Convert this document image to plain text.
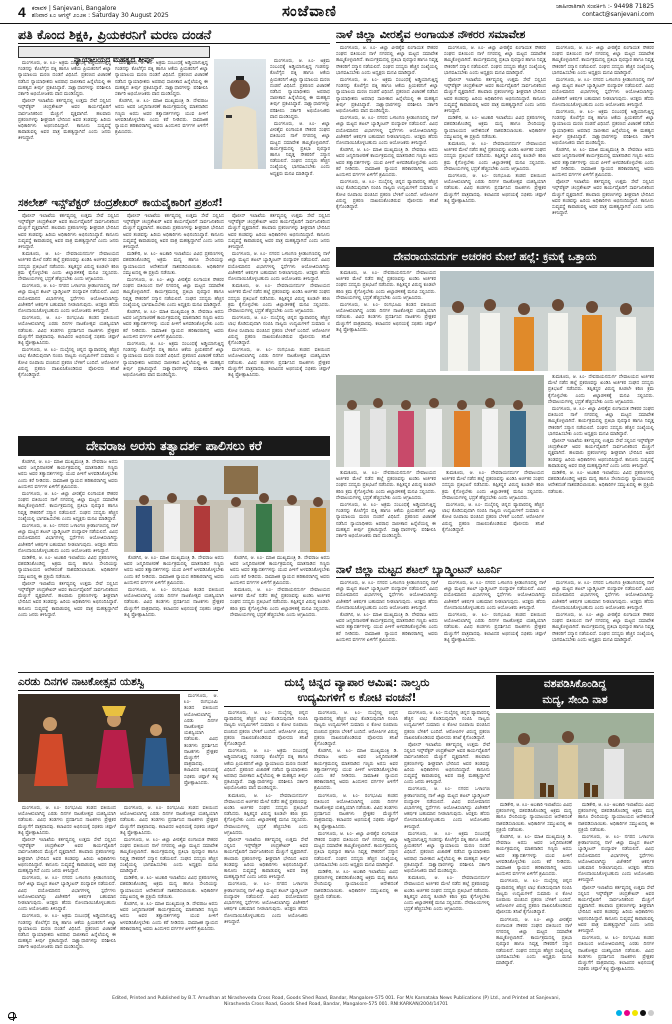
4 ಕರಾವಳಿ | Sanjevani, Bangalore
ಶನಿವಾರ ೩೦ ಆಗಸ್ಟ್ ೨೦೨೫ : Saturday 30 August 2025	ಸಂಜೆವಾಣಿ	ಜಾಹೀರಾತಿಗಾಗಿ ಸಂಪರ್ಕಿಸಿ :- 94498 71825
contact@sanjevani.com
ಪತಿ ಕೊಂದ ಶಿಕ್ಷಕಿ, ಪ್ರಿಯಕರನಿಗೆ ಮರಣ ದಂಡನೆ
ನ್ಯಾಯಾಲಯದ ಮಹತ್ವದ ತೀರ್ಪು

ಮಂಗಳೂರು, ಆ. ೩೦- ಅಕ್ರಮ ಸಂಬಂಧಕ್ಕೆ ಅಡ್ಡಿಯಾಗುತ್ತಿದ್ದ ಗಂಡನನ್ನು ಕೊಲೆಗೈದ ಪತ್ನಿ ಹಾಗೂ ಆಕೆಯ ಪ್ರಿಯಕರನಿಗೆ ಜಿಲ್ಲಾ ನ್ಯಾಯಾಲಯ ಮರಣ ದಂಡನೆ ವಿಧಿಸಿದೆ. ಪ್ರಕರಣದ ವಿಚಾರಣೆ ನಡೆಸಿದ ನ್ಯಾಯಾಧೀಶರು ಅಪರಾಧ ಸಾಬೀತಾದ ಹಿನ್ನೆಲೆಯಲ್ಲಿ ಈ ಮಹತ್ವದ ತೀರ್ಪು ಪ್ರಕಟಿಸಿದ್ದಾರೆ. ಸಾಕ್ಷ್ಯಾಧಾರಗಳನ್ನು ಪರಿಶೀಲಿಸಿ ಸರ್ಕಾರಿ ಅಭಿಯೋಜಕರು ವಾದ ಮಂಡಿಸಿದ್ದರು.

ಪೊಲೀಸ್ ಇಲಾಖೆಯ ಕರ್ತವ್ಯದಲ್ಲಿ ಉತ್ತಮ ಸೇವೆ ಸಲ್ಲಿಸಿದ ಇನ್ಸ್‌ಪೆಕ್ಟರ್ ಚಂದ್ರಶೇಖರ್ ಅವರ ಕಾರ್ಯವೈಖರಿಗೆ ಸಾರ್ವಜನಿಕರಿಂದ ಮೆಚ್ಚುಗೆ ವ್ಯಕ್ತವಾಗಿದೆ. ಹಲವಾರು ಪ್ರಕರಣಗಳನ್ನು ಶೀಘ್ರವಾಗಿ ಭೇದಿಸಿದ ಅವರ ತಂಡವನ್ನು ಹಿರಿಯ ಅಧಿಕಾರಿಗಳು ಅಭಿನಂದಿಸಿದ್ದಾರೆ. ಕಾನೂನು ಸುವ್ಯವಸ್ಥೆ ಕಾಪಾಡುವಲ್ಲಿ ಅವರ ಪಾತ್ರ ಮಹತ್ವದ್ದಾಗಿದೆ ಎಂದು ಜನರು ತಿಳಿಸಿದ್ದಾರೆ.

ಮಂಗಳೂರು, ಆ. ೩೦- ಅಕ್ರಮ ಸಂಬಂಧಕ್ಕೆ ಅಡ್ಡಿಯಾಗುತ್ತಿದ್ದ ಗಂಡನನ್ನು ಕೊಲೆಗೈದ ಪತ್ನಿ ಹಾಗೂ ಆಕೆಯ ಪ್ರಿಯಕರನಿಗೆ ಜಿಲ್ಲಾ ನ್ಯಾಯಾಲಯ ಮರಣ ದಂಡನೆ ವಿಧಿಸಿದೆ. ಪ್ರಕರಣದ ವಿಚಾರಣೆ ನಡೆಸಿದ ನ್ಯಾಯಾಧೀಶರು ಅಪರಾಧ ಸಾಬೀತಾದ ಹಿನ್ನೆಲೆಯಲ್ಲಿ ಈ ಮಹತ್ವದ ತೀರ್ಪು ಪ್ರಕಟಿಸಿದ್ದಾರೆ. ಸಾಕ್ಷ್ಯಾಧಾರಗಳನ್ನು ಪರಿಶೀಲಿಸಿ ಸರ್ಕಾರಿ ಅಭಿಯೋಜಕರು ವಾದ ಮಂಡಿಸಿದ್ದರು.

ಕೊಡಗಿನ, ಆ. ೩೦- ಮಾಜಿ ಮುಖ್ಯಮಂತ್ರಿ ಡಿ. ದೇವರಾಜ ಅರಸು ಅವರ ಜನ್ಮದಿನಾಚರಣೆ ಕಾರ್ಯಕ್ರಮದಲ್ಲಿ ಮಾತನಾಡಿದ ಗಣ್ಯರು ಅರಸು ಅವರ ತತ್ವಾದರ್ಶಗಳನ್ನು ಯುವ ಪೀಳಿಗೆ ಅಳವಡಿಸಿಕೊಳ್ಳಬೇಕು ಎಂದು ಕರೆ ನೀಡಿದರು. ಸಾಮಾಜಿಕ ನ್ಯಾಯದ ಹರಿಕಾರರಾಗಿದ್ದ ಅವರು ಹಿಂದುಳಿದ ವರ್ಗಗಳ ಏಳಿಗೆಗೆ ಶ್ರಮಿಸಿದರು.

ಮಂಗಳೂರು, ಆ. ೩೦- ಅಕ್ರಮ ಸಂಬಂಧಕ್ಕೆ ಅಡ್ಡಿಯಾಗುತ್ತಿದ್ದ ಗಂಡನನ್ನು ಕೊಲೆಗೈದ ಪತ್ನಿ ಹಾಗೂ ಆಕೆಯ ಪ್ರಿಯಕರನಿಗೆ ಜಿಲ್ಲಾ ನ್ಯಾಯಾಲಯ ಮರಣ ದಂಡನೆ ವಿಧಿಸಿದೆ. ಪ್ರಕರಣದ ವಿಚಾರಣೆ ನಡೆಸಿದ ನ್ಯಾಯಾಧೀಶರು ಅಪರಾಧ ಸಾಬೀತಾದ ಹಿನ್ನೆಲೆಯಲ್ಲಿ ಈ ಮಹತ್ವದ ತೀರ್ಪು ಪ್ರಕಟಿಸಿದ್ದಾರೆ. ಸಾಕ್ಷ್ಯಾಧಾರಗಳನ್ನು ಪರಿಶೀಲಿಸಿ ಸರ್ಕಾರಿ ಅಭಿಯೋಜಕರು ವಾದ ಮಂಡಿಸಿದ್ದರು.

ಮಂಗಳೂರು, ಆ. ೩೦- ಜಿಲ್ಲಾ ವೀರಶೈವ ಲಿಂಗಾಯತ ನೌಕರರ ಸಂಘದ ವತಿಯಿಂದ ನಾಳೆ ನಗರದಲ್ಲಿ ಜಿಲ್ಲಾ ಮಟ್ಟದ ಸಮಾವೇಶ ಹಮ್ಮಿಕೊಳ್ಳಲಾಗಿದೆ. ಕಾರ್ಯಕ್ರಮದಲ್ಲಿ ಪ್ರತಿಭಾ ಪುರಸ್ಕಾರ ಹಾಗೂ ನಿವೃತ್ತ ನೌಕರರಿಗೆ ಸನ್ಮಾನ ನಡೆಯಲಿದೆ. ಸಂಘದ ಸದಸ್ಯರು ಹೆಚ್ಚಿನ ಸಂಖ್ಯೆಯಲ್ಲಿ ಭಾಗವಹಿಸಬೇಕು ಎಂದು ಅಧ್ಯಕ್ಷರು ಮನವಿ ಮಾಡಿದ್ದಾರೆ.

ಸಕಲೇಶ್ ಇನ್ಸ್‌ಪೆಕ್ಟರ್ ಚಂದ್ರಶೇಖರ್ ಕಾಯವೈಕಾರಿಗೆ ಪ್ರಶಂಸೆ!

ಪೊಲೀಸ್ ಇಲಾಖೆಯ ಕರ್ತವ್ಯದಲ್ಲಿ ಉತ್ತಮ ಸೇವೆ ಸಲ್ಲಿಸಿದ ಇನ್ಸ್‌ಪೆಕ್ಟರ್ ಚಂದ್ರಶೇಖರ್ ಅವರ ಕಾರ್ಯವೈಖರಿಗೆ ಸಾರ್ವಜನಿಕರಿಂದ ಮೆಚ್ಚುಗೆ ವ್ಯಕ್ತವಾಗಿದೆ. ಹಲವಾರು ಪ್ರಕರಣಗಳನ್ನು ಶೀಘ್ರವಾಗಿ ಭೇದಿಸಿದ ಅವರ ತಂಡವನ್ನು ಹಿರಿಯ ಅಧಿಕಾರಿಗಳು ಅಭಿನಂದಿಸಿದ್ದಾರೆ. ಕಾನೂನು ಸುವ್ಯವಸ್ಥೆ ಕಾಪಾಡುವಲ್ಲಿ ಅವರ ಪಾತ್ರ ಮಹತ್ವದ್ದಾಗಿದೆ ಎಂದು ಜನರು ತಿಳಿಸಿದ್ದಾರೆ.

ತುಮಕೂರು, ಆ. ೩೦- ದೇವರಾಯನದುರ್ಗ ದೇವಾಲಯದ ಅರ್ಚಕರ ಮೇಲೆ ನಡೆದ ಹಲ್ಲೆ ಪ್ರಕರಣವನ್ನು ಖಂಡಿಸಿ ಅರ್ಚಕರ ಸಂಘದ ಸದಸ್ಯರು ಪ್ರತಿಭಟನೆ ನಡೆಸಿದರು. ತಪ್ಪಿತಸ್ಥರ ವಿರುದ್ಧ ಕೂಡಲೇ ಕಠಿಣ ಕ್ರಮ ಕೈಗೊಳ್ಳಬೇಕು ಎಂದು ಜಿಲ್ಲಾಡಳಿತಕ್ಕೆ ಮನವಿ ಸಲ್ಲಿಸಿದರು. ದೇವಾಲಯಗಳಲ್ಲಿ ಭದ್ರತೆ ಹೆಚ್ಚಿಸಬೇಕು ಎಂದು ಆಗ್ರಹಿಸಿದರು.

ಮಂಗಳೂರು, ಆ. ೩೦- ನಗರದ ಒಳಾಂಗಣ ಕ್ರೀಡಾಂಗಣದಲ್ಲಿ ನಾಳೆ ಜಿಲ್ಲಾ ಮಟ್ಟದ ಶಟಲ್ ಬ್ಯಾಡ್ಮಿಂಟನ್ ಪಂದ್ಯಾವಳಿ ನಡೆಯಲಿದೆ. ವಿವಿಧ ವಯೋಮಾನದ ವಿಭಾಗಗಳಲ್ಲಿ ಸ್ಪರ್ಧೆಗಳು ಆಯೋಜಿಸಲಾಗಿದ್ದು ವಿಜೇತರಿಗೆ ಆಕರ್ಷಕ ಬಹುಮಾನ ನೀಡಲಾಗುವುದು. ಆಸಕ್ತರು ಹೆಸರು ನೋಂದಾಯಿಸಿಕೊಳ್ಳಬಹುದು ಎಂದು ಆಯೋಜಕರು ತಿಳಿಸಿದ್ದಾರೆ.

ಮಂಗಳೂರು, ಆ. ೩೦- ರಂಗಭೂಮಿ ತಂಡದ ವತಿಯಿಂದ ಆಯೋಜಿಸಲಾಗಿದ್ದ ಎರಡು ದಿನಗಳ ನಾಟಕೋತ್ಸವ ಯಶಸ್ವಿಯಾಗಿ ನಡೆಯಿತು. ವಿವಿಧ ತಂಡಗಳು ಪ್ರದರ್ಶಿಸಿದ ನಾಟಕಗಳು ಪ್ರೇಕ್ಷಕರ ಮೆಚ್ಚುಗೆಗೆ ಪಾತ್ರವಾದವು. ಕಲಾವಿದರ ಅಭಿನಯಕ್ಕೆ ಸಭಿಕರು ಚಪ್ಪಾಳೆ ತಟ್ಟಿ ಪ್ರೋತ್ಸಾಹಿಸಿದರು.

ಮಂಗಳೂರು, ಆ. ೩೦- ದುಬೈನಲ್ಲಿ ಚಿನ್ನದ ವ್ಯಾಪಾರದಲ್ಲಿ ಹೆಚ್ಚಿನ ಲಾಭ ಕೊಡಿಸುವುದಾಗಿ ನಂಬಿಸಿ ನಾಲ್ವರು ಉದ್ಯಮಿಗಳಿಗೆ ಸುಮಾರು ೮ ಕೋಟಿ ರೂಪಾಯಿ ವಂಚಿಸಿದ ಪ್ರಕರಣ ಬೆಳಕಿಗೆ ಬಂದಿದೆ. ಆರೋಪಿಗಳ ವಿರುದ್ಧ ಪ್ರಕರಣ ದಾಖಲಿಸಿಕೊಂಡಿರುವ ಪೊಲೀಸರು ತನಿಖೆ ಕೈಗೊಂಡಿದ್ದಾರೆ.

ಪೊಲೀಸ್ ಇಲಾಖೆಯ ಕರ್ತವ್ಯದಲ್ಲಿ ಉತ್ತಮ ಸೇವೆ ಸಲ್ಲಿಸಿದ ಇನ್ಸ್‌ಪೆಕ್ಟರ್ ಚಂದ್ರಶೇಖರ್ ಅವರ ಕಾರ್ಯವೈಖರಿಗೆ ಸಾರ್ವಜನಿಕರಿಂದ ಮೆಚ್ಚುಗೆ ವ್ಯಕ್ತವಾಗಿದೆ. ಹಲವಾರು ಪ್ರಕರಣಗಳನ್ನು ಶೀಘ್ರವಾಗಿ ಭೇದಿಸಿದ ಅವರ ತಂಡವನ್ನು ಹಿರಿಯ ಅಧಿಕಾರಿಗಳು ಅಭಿನಂದಿಸಿದ್ದಾರೆ. ಕಾನೂನು ಸುವ್ಯವಸ್ಥೆ ಕಾಪಾಡುವಲ್ಲಿ ಅವರ ಪಾತ್ರ ಮಹತ್ವದ್ದಾಗಿದೆ ಎಂದು ಜನರು ತಿಳಿಸಿದ್ದಾರೆ.

ಮಡಿಕೇರಿ, ಆ. ೩೦- ಅಬಕಾರಿ ಇಲಾಖೆಯು ವಿವಿಧ ಪ್ರಕರಣಗಳಲ್ಲಿ ವಶಪಡಿಸಿಕೊಂಡಿದ್ದ ಅಕ್ರಮ ಮದ್ಯ ಹಾಗೂ ಸೇಂದಿಯನ್ನು ನ್ಯಾಯಾಲಯದ ಆದೇಶದಂತೆ ನಾಶಪಡಿಸಲಾಯಿತು. ಅಧಿಕಾರಿಗಳ ಸಮ್ಮುಖದಲ್ಲಿ ಈ ಪ್ರಕ್ರಿಯೆ ನಡೆಯಿತು.

ಮಂಗಳೂರು, ಆ. ೩೦- ಜಿಲ್ಲಾ ವೀರಶೈವ ಲಿಂಗಾಯತ ನೌಕರರ ಸಂಘದ ವತಿಯಿಂದ ನಾಳೆ ನಗರದಲ್ಲಿ ಜಿಲ್ಲಾ ಮಟ್ಟದ ಸಮಾವೇಶ ಹಮ್ಮಿಕೊಳ್ಳಲಾಗಿದೆ. ಕಾರ್ಯಕ್ರಮದಲ್ಲಿ ಪ್ರತಿಭಾ ಪುರಸ್ಕಾರ ಹಾಗೂ ನಿವೃತ್ತ ನೌಕರರಿಗೆ ಸನ್ಮಾನ ನಡೆಯಲಿದೆ. ಸಂಘದ ಸದಸ್ಯರು ಹೆಚ್ಚಿನ ಸಂಖ್ಯೆಯಲ್ಲಿ ಭಾಗವಹಿಸಬೇಕು ಎಂದು ಅಧ್ಯಕ್ಷರು ಮನವಿ ಮಾಡಿದ್ದಾರೆ.

ಕೊಡಗಿನ, ಆ. ೩೦- ಮಾಜಿ ಮುಖ್ಯಮಂತ್ರಿ ಡಿ. ದೇವರಾಜ ಅರಸು ಅವರ ಜನ್ಮದಿನಾಚರಣೆ ಕಾರ್ಯಕ್ರಮದಲ್ಲಿ ಮಾತನಾಡಿದ ಗಣ್ಯರು ಅರಸು ಅವರ ತತ್ವಾದರ್ಶಗಳನ್ನು ಯುವ ಪೀಳಿಗೆ ಅಳವಡಿಸಿಕೊಳ್ಳಬೇಕು ಎಂದು ಕರೆ ನೀಡಿದರು. ಸಾಮಾಜಿಕ ನ್ಯಾಯದ ಹರಿಕಾರರಾಗಿದ್ದ ಅವರು ಹಿಂದುಳಿದ ವರ್ಗಗಳ ಏಳಿಗೆಗೆ ಶ್ರಮಿಸಿದರು.

ಮಂಗಳೂರು, ಆ. ೩೦- ಅಕ್ರಮ ಸಂಬಂಧಕ್ಕೆ ಅಡ್ಡಿಯಾಗುತ್ತಿದ್ದ ಗಂಡನನ್ನು ಕೊಲೆಗೈದ ಪತ್ನಿ ಹಾಗೂ ಆಕೆಯ ಪ್ರಿಯಕರನಿಗೆ ಜಿಲ್ಲಾ ನ್ಯಾಯಾಲಯ ಮರಣ ದಂಡನೆ ವಿಧಿಸಿದೆ. ಪ್ರಕರಣದ ವಿಚಾರಣೆ ನಡೆಸಿದ ನ್ಯಾಯಾಧೀಶರು ಅಪರಾಧ ಸಾಬೀತಾದ ಹಿನ್ನೆಲೆಯಲ್ಲಿ ಈ ಮಹತ್ವದ ತೀರ್ಪು ಪ್ರಕಟಿಸಿದ್ದಾರೆ. ಸಾಕ್ಷ್ಯಾಧಾರಗಳನ್ನು ಪರಿಶೀಲಿಸಿ ಸರ್ಕಾರಿ ಅಭಿಯೋಜಕರು ವಾದ ಮಂಡಿಸಿದ್ದರು.

ಪೊಲೀಸ್ ಇಲಾಖೆಯ ಕರ್ತವ್ಯದಲ್ಲಿ ಉತ್ತಮ ಸೇವೆ ಸಲ್ಲಿಸಿದ ಇನ್ಸ್‌ಪೆಕ್ಟರ್ ಚಂದ್ರಶೇಖರ್ ಅವರ ಕಾರ್ಯವೈಖರಿಗೆ ಸಾರ್ವಜನಿಕರಿಂದ ಮೆಚ್ಚುಗೆ ವ್ಯಕ್ತವಾಗಿದೆ. ಹಲವಾರು ಪ್ರಕರಣಗಳನ್ನು ಶೀಘ್ರವಾಗಿ ಭೇದಿಸಿದ ಅವರ ತಂಡವನ್ನು ಹಿರಿಯ ಅಧಿಕಾರಿಗಳು ಅಭಿನಂದಿಸಿದ್ದಾರೆ. ಕಾನೂನು ಸುವ್ಯವಸ್ಥೆ ಕಾಪಾಡುವಲ್ಲಿ ಅವರ ಪಾತ್ರ ಮಹತ್ವದ್ದಾಗಿದೆ ಎಂದು ಜನರು ತಿಳಿಸಿದ್ದಾರೆ.

ಮಂಗಳೂರು, ಆ. ೩೦- ನಗರದ ಒಳಾಂಗಣ ಕ್ರೀಡಾಂಗಣದಲ್ಲಿ ನಾಳೆ ಜಿಲ್ಲಾ ಮಟ್ಟದ ಶಟಲ್ ಬ್ಯಾಡ್ಮಿಂಟನ್ ಪಂದ್ಯಾವಳಿ ನಡೆಯಲಿದೆ. ವಿವಿಧ ವಯೋಮಾನದ ವಿಭಾಗಗಳಲ್ಲಿ ಸ್ಪರ್ಧೆಗಳು ಆಯೋಜಿಸಲಾಗಿದ್ದು ವಿಜೇತರಿಗೆ ಆಕರ್ಷಕ ಬಹುಮಾನ ನೀಡಲಾಗುವುದು. ಆಸಕ್ತರು ಹೆಸರು ನೋಂದಾಯಿಸಿಕೊಳ್ಳಬಹುದು ಎಂದು ಆಯೋಜಕರು ತಿಳಿಸಿದ್ದಾರೆ.

ತುಮಕೂರು, ಆ. ೩೦- ದೇವರಾಯನದುರ್ಗ ದೇವಾಲಯದ ಅರ್ಚಕರ ಮೇಲೆ ನಡೆದ ಹಲ್ಲೆ ಪ್ರಕರಣವನ್ನು ಖಂಡಿಸಿ ಅರ್ಚಕರ ಸಂಘದ ಸದಸ್ಯರು ಪ್ರತಿಭಟನೆ ನಡೆಸಿದರು. ತಪ್ಪಿತಸ್ಥರ ವಿರುದ್ಧ ಕೂಡಲೇ ಕಠಿಣ ಕ್ರಮ ಕೈಗೊಳ್ಳಬೇಕು ಎಂದು ಜಿಲ್ಲಾಡಳಿತಕ್ಕೆ ಮನವಿ ಸಲ್ಲಿಸಿದರು. ದೇವಾಲಯಗಳಲ್ಲಿ ಭದ್ರತೆ ಹೆಚ್ಚಿಸಬೇಕು ಎಂದು ಆಗ್ರಹಿಸಿದರು.

ಮಂಗಳೂರು, ಆ. ೩೦- ದುಬೈನಲ್ಲಿ ಚಿನ್ನದ ವ್ಯಾಪಾರದಲ್ಲಿ ಹೆಚ್ಚಿನ ಲಾಭ ಕೊಡಿಸುವುದಾಗಿ ನಂಬಿಸಿ ನಾಲ್ವರು ಉದ್ಯಮಿಗಳಿಗೆ ಸುಮಾರು ೮ ಕೋಟಿ ರೂಪಾಯಿ ವಂಚಿಸಿದ ಪ್ರಕರಣ ಬೆಳಕಿಗೆ ಬಂದಿದೆ. ಆರೋಪಿಗಳ ವಿರುದ್ಧ ಪ್ರಕರಣ ದಾಖಲಿಸಿಕೊಂಡಿರುವ ಪೊಲೀಸರು ತನಿಖೆ ಕೈಗೊಂಡಿದ್ದಾರೆ.

ಮಂಗಳೂರು, ಆ. ೩೦- ರಂಗಭೂಮಿ ತಂಡದ ವತಿಯಿಂದ ಆಯೋಜಿಸಲಾಗಿದ್ದ ಎರಡು ದಿನಗಳ ನಾಟಕೋತ್ಸವ ಯಶಸ್ವಿಯಾಗಿ ನಡೆಯಿತು. ವಿವಿಧ ತಂಡಗಳು ಪ್ರದರ್ಶಿಸಿದ ನಾಟಕಗಳು ಪ್ರೇಕ್ಷಕರ ಮೆಚ್ಚುಗೆಗೆ ಪಾತ್ರವಾದವು. ಕಲಾವಿದರ ಅಭಿನಯಕ್ಕೆ ಸಭಿಕರು ಚಪ್ಪಾಳೆ ತಟ್ಟಿ ಪ್ರೋತ್ಸಾಹಿಸಿದರು.

ದೇವರಾಜ ಅರಸು ತತ್ವಾದರ್ಶ ಪಾಲಿಸಲು ಕರೆ

ಕೊಡಗಿನ, ಆ. ೩೦- ಮಾಜಿ ಮುಖ್ಯಮಂತ್ರಿ ಡಿ. ದೇವರಾಜ ಅರಸು ಅವರ ಜನ್ಮದಿನಾಚರಣೆ ಕಾರ್ಯಕ್ರಮದಲ್ಲಿ ಮಾತನಾಡಿದ ಗಣ್ಯರು ಅರಸು ಅವರ ತತ್ವಾದರ್ಶಗಳನ್ನು ಯುವ ಪೀಳಿಗೆ ಅಳವಡಿಸಿಕೊಳ್ಳಬೇಕು ಎಂದು ಕರೆ ನೀಡಿದರು. ಸಾಮಾಜಿಕ ನ್ಯಾಯದ ಹರಿಕಾರರಾಗಿದ್ದ ಅವರು ಹಿಂದುಳಿದ ವರ್ಗಗಳ ಏಳಿಗೆಗೆ ಶ್ರಮಿಸಿದರು.

ಮಂಗಳೂರು, ಆ. ೩೦- ಜಿಲ್ಲಾ ವೀರಶೈವ ಲಿಂಗಾಯತ ನೌಕರರ ಸಂಘದ ವತಿಯಿಂದ ನಾಳೆ ನಗರದಲ್ಲಿ ಜಿಲ್ಲಾ ಮಟ್ಟದ ಸಮಾವೇಶ ಹಮ್ಮಿಕೊಳ್ಳಲಾಗಿದೆ. ಕಾರ್ಯಕ್ರಮದಲ್ಲಿ ಪ್ರತಿಭಾ ಪುರಸ್ಕಾರ ಹಾಗೂ ನಿವೃತ್ತ ನೌಕರರಿಗೆ ಸನ್ಮಾನ ನಡೆಯಲಿದೆ. ಸಂಘದ ಸದಸ್ಯರು ಹೆಚ್ಚಿನ ಸಂಖ್ಯೆಯಲ್ಲಿ ಭಾಗವಹಿಸಬೇಕು ಎಂದು ಅಧ್ಯಕ್ಷರು ಮನವಿ ಮಾಡಿದ್ದಾರೆ.

ಮಂಗಳೂರು, ಆ. ೩೦- ನಗರದ ಒಳಾಂಗಣ ಕ್ರೀಡಾಂಗಣದಲ್ಲಿ ನಾಳೆ ಜಿಲ್ಲಾ ಮಟ್ಟದ ಶಟಲ್ ಬ್ಯಾಡ್ಮಿಂಟನ್ ಪಂದ್ಯಾವಳಿ ನಡೆಯಲಿದೆ. ವಿವಿಧ ವಯೋಮಾನದ ವಿಭಾಗಗಳಲ್ಲಿ ಸ್ಪರ್ಧೆಗಳು ಆಯೋಜಿಸಲಾಗಿದ್ದು ವಿಜೇತರಿಗೆ ಆಕರ್ಷಕ ಬಹುಮಾನ ನೀಡಲಾಗುವುದು. ಆಸಕ್ತರು ಹೆಸರು ನೋಂದಾಯಿಸಿಕೊಳ್ಳಬಹುದು ಎಂದು ಆಯೋಜಕರು ತಿಳಿಸಿದ್ದಾರೆ.

ಮಡಿಕೇರಿ, ಆ. ೩೦- ಅಬಕಾರಿ ಇಲಾಖೆಯು ವಿವಿಧ ಪ್ರಕರಣಗಳಲ್ಲಿ ವಶಪಡಿಸಿಕೊಂಡಿದ್ದ ಅಕ್ರಮ ಮದ್ಯ ಹಾಗೂ ಸೇಂದಿಯನ್ನು ನ್ಯಾಯಾಲಯದ ಆದೇಶದಂತೆ ನಾಶಪಡಿಸಲಾಯಿತು. ಅಧಿಕಾರಿಗಳ ಸಮ್ಮುಖದಲ್ಲಿ ಈ ಪ್ರಕ್ರಿಯೆ ನಡೆಯಿತು.

ಪೊಲೀಸ್ ಇಲಾಖೆಯ ಕರ್ತವ್ಯದಲ್ಲಿ ಉತ್ತಮ ಸೇವೆ ಸಲ್ಲಿಸಿದ ಇನ್ಸ್‌ಪೆಕ್ಟರ್ ಚಂದ್ರಶೇಖರ್ ಅವರ ಕಾರ್ಯವೈಖರಿಗೆ ಸಾರ್ವಜನಿಕರಿಂದ ಮೆಚ್ಚುಗೆ ವ್ಯಕ್ತವಾಗಿದೆ. ಹಲವಾರು ಪ್ರಕರಣಗಳನ್ನು ಶೀಘ್ರವಾಗಿ ಭೇದಿಸಿದ ಅವರ ತಂಡವನ್ನು ಹಿರಿಯ ಅಧಿಕಾರಿಗಳು ಅಭಿನಂದಿಸಿದ್ದಾರೆ. ಕಾನೂನು ಸುವ್ಯವಸ್ಥೆ ಕಾಪಾಡುವಲ್ಲಿ ಅವರ ಪಾತ್ರ ಮಹತ್ವದ್ದಾಗಿದೆ ಎಂದು ಜನರು ತಿಳಿಸಿದ್ದಾರೆ.

ಕೊಡಗಿನ, ಆ. ೩೦- ಮಾಜಿ ಮುಖ್ಯಮಂತ್ರಿ ಡಿ. ದೇವರಾಜ ಅರಸು ಅವರ ಜನ್ಮದಿನಾಚರಣೆ ಕಾರ್ಯಕ್ರಮದಲ್ಲಿ ಮಾತನಾಡಿದ ಗಣ್ಯರು ಅರಸು ಅವರ ತತ್ವಾದರ್ಶಗಳನ್ನು ಯುವ ಪೀಳಿಗೆ ಅಳವಡಿಸಿಕೊಳ್ಳಬೇಕು ಎಂದು ಕರೆ ನೀಡಿದರು. ಸಾಮಾಜಿಕ ನ್ಯಾಯದ ಹರಿಕಾರರಾಗಿದ್ದ ಅವರು ಹಿಂದುಳಿದ ವರ್ಗಗಳ ಏಳಿಗೆಗೆ ಶ್ರಮಿಸಿದರು.

ಮಂಗಳೂರು, ಆ. ೩೦- ರಂಗಭೂಮಿ ತಂಡದ ವತಿಯಿಂದ ಆಯೋಜಿಸಲಾಗಿದ್ದ ಎರಡು ದಿನಗಳ ನಾಟಕೋತ್ಸವ ಯಶಸ್ವಿಯಾಗಿ ನಡೆಯಿತು. ವಿವಿಧ ತಂಡಗಳು ಪ್ರದರ್ಶಿಸಿದ ನಾಟಕಗಳು ಪ್ರೇಕ್ಷಕರ ಮೆಚ್ಚುಗೆಗೆ ಪಾತ್ರವಾದವು. ಕಲಾವಿದರ ಅಭಿನಯಕ್ಕೆ ಸಭಿಕರು ಚಪ್ಪಾಳೆ ತಟ್ಟಿ ಪ್ರೋತ್ಸಾಹಿಸಿದರು.

ಕೊಡಗಿನ, ಆ. ೩೦- ಮಾಜಿ ಮುಖ್ಯಮಂತ್ರಿ ಡಿ. ದೇವರಾಜ ಅರಸು ಅವರ ಜನ್ಮದಿನಾಚರಣೆ ಕಾರ್ಯಕ್ರಮದಲ್ಲಿ ಮಾತನಾಡಿದ ಗಣ್ಯರು ಅರಸು ಅವರ ತತ್ವಾದರ್ಶಗಳನ್ನು ಯುವ ಪೀಳಿಗೆ ಅಳವಡಿಸಿಕೊಳ್ಳಬೇಕು ಎಂದು ಕರೆ ನೀಡಿದರು. ಸಾಮಾಜಿಕ ನ್ಯಾಯದ ಹರಿಕಾರರಾಗಿದ್ದ ಅವರು ಹಿಂದುಳಿದ ವರ್ಗಗಳ ಏಳಿಗೆಗೆ ಶ್ರಮಿಸಿದರು.

ತುಮಕೂರು, ಆ. ೩೦- ದೇವರಾಯನದುರ್ಗ ದೇವಾಲಯದ ಅರ್ಚಕರ ಮೇಲೆ ನಡೆದ ಹಲ್ಲೆ ಪ್ರಕರಣವನ್ನು ಖಂಡಿಸಿ ಅರ್ಚಕರ ಸಂಘದ ಸದಸ್ಯರು ಪ್ರತಿಭಟನೆ ನಡೆಸಿದರು. ತಪ್ಪಿತಸ್ಥರ ವಿರುದ್ಧ ಕೂಡಲೇ ಕಠಿಣ ಕ್ರಮ ಕೈಗೊಳ್ಳಬೇಕು ಎಂದು ಜಿಲ್ಲಾಡಳಿತಕ್ಕೆ ಮನವಿ ಸಲ್ಲಿಸಿದರು. ದೇವಾಲಯಗಳಲ್ಲಿ ಭದ್ರತೆ ಹೆಚ್ಚಿಸಬೇಕು ಎಂದು ಆಗ್ರಹಿಸಿದರು.

ನಾಳೆ ಜಿಲ್ಲಾ ವೀರಶೈವ ಅಂಗಾಯತ ನೌಕರರ ಸಮಾವೇಶ

ಮಂಗಳೂರು, ಆ. ೩೦- ಜಿಲ್ಲಾ ವೀರಶೈವ ಲಿಂಗಾಯತ ನೌಕರರ ಸಂಘದ ವತಿಯಿಂದ ನಾಳೆ ನಗರದಲ್ಲಿ ಜಿಲ್ಲಾ ಮಟ್ಟದ ಸಮಾವೇಶ ಹಮ್ಮಿಕೊಳ್ಳಲಾಗಿದೆ. ಕಾರ್ಯಕ್ರಮದಲ್ಲಿ ಪ್ರತಿಭಾ ಪುರಸ್ಕಾರ ಹಾಗೂ ನಿವೃತ್ತ ನೌಕರರಿಗೆ ಸನ್ಮಾನ ನಡೆಯಲಿದೆ. ಸಂಘದ ಸದಸ್ಯರು ಹೆಚ್ಚಿನ ಸಂಖ್ಯೆಯಲ್ಲಿ ಭಾಗವಹಿಸಬೇಕು ಎಂದು ಅಧ್ಯಕ್ಷರು ಮನವಿ ಮಾಡಿದ್ದಾರೆ.

ಮಂಗಳೂರು, ಆ. ೩೦- ಅಕ್ರಮ ಸಂಬಂಧಕ್ಕೆ ಅಡ್ಡಿಯಾಗುತ್ತಿದ್ದ ಗಂಡನನ್ನು ಕೊಲೆಗೈದ ಪತ್ನಿ ಹಾಗೂ ಆಕೆಯ ಪ್ರಿಯಕರನಿಗೆ ಜಿಲ್ಲಾ ನ್ಯಾಯಾಲಯ ಮರಣ ದಂಡನೆ ವಿಧಿಸಿದೆ. ಪ್ರಕರಣದ ವಿಚಾರಣೆ ನಡೆಸಿದ ನ್ಯಾಯಾಧೀಶರು ಅಪರಾಧ ಸಾಬೀತಾದ ಹಿನ್ನೆಲೆಯಲ್ಲಿ ಈ ಮಹತ್ವದ ತೀರ್ಪು ಪ್ರಕಟಿಸಿದ್ದಾರೆ. ಸಾಕ್ಷ್ಯಾಧಾರಗಳನ್ನು ಪರಿಶೀಲಿಸಿ ಸರ್ಕಾರಿ ಅಭಿಯೋಜಕರು ವಾದ ಮಂಡಿಸಿದ್ದರು.

ಮಂಗಳೂರು, ಆ. ೩೦- ನಗರದ ಒಳಾಂಗಣ ಕ್ರೀಡಾಂಗಣದಲ್ಲಿ ನಾಳೆ ಜಿಲ್ಲಾ ಮಟ್ಟದ ಶಟಲ್ ಬ್ಯಾಡ್ಮಿಂಟನ್ ಪಂದ್ಯಾವಳಿ ನಡೆಯಲಿದೆ. ವಿವಿಧ ವಯೋಮಾನದ ವಿಭಾಗಗಳಲ್ಲಿ ಸ್ಪರ್ಧೆಗಳು ಆಯೋಜಿಸಲಾಗಿದ್ದು ವಿಜೇತರಿಗೆ ಆಕರ್ಷಕ ಬಹುಮಾನ ನೀಡಲಾಗುವುದು. ಆಸಕ್ತರು ಹೆಸರು ನೋಂದಾಯಿಸಿಕೊಳ್ಳಬಹುದು ಎಂದು ಆಯೋಜಕರು ತಿಳಿಸಿದ್ದಾರೆ.

ಕೊಡಗಿನ, ಆ. ೩೦- ಮಾಜಿ ಮುಖ್ಯಮಂತ್ರಿ ಡಿ. ದೇವರಾಜ ಅರಸು ಅವರ ಜನ್ಮದಿನಾಚರಣೆ ಕಾರ್ಯಕ್ರಮದಲ್ಲಿ ಮಾತನಾಡಿದ ಗಣ್ಯರು ಅರಸು ಅವರ ತತ್ವಾದರ್ಶಗಳನ್ನು ಯುವ ಪೀಳಿಗೆ ಅಳವಡಿಸಿಕೊಳ್ಳಬೇಕು ಎಂದು ಕರೆ ನೀಡಿದರು. ಸಾಮಾಜಿಕ ನ್ಯಾಯದ ಹರಿಕಾರರಾಗಿದ್ದ ಅವರು ಹಿಂದುಳಿದ ವರ್ಗಗಳ ಏಳಿಗೆಗೆ ಶ್ರಮಿಸಿದರು.

ಮಂಗಳೂರು, ಆ. ೩೦- ದುಬೈನಲ್ಲಿ ಚಿನ್ನದ ವ್ಯಾಪಾರದಲ್ಲಿ ಹೆಚ್ಚಿನ ಲಾಭ ಕೊಡಿಸುವುದಾಗಿ ನಂಬಿಸಿ ನಾಲ್ವರು ಉದ್ಯಮಿಗಳಿಗೆ ಸುಮಾರು ೮ ಕೋಟಿ ರೂಪಾಯಿ ವಂಚಿಸಿದ ಪ್ರಕರಣ ಬೆಳಕಿಗೆ ಬಂದಿದೆ. ಆರೋಪಿಗಳ ವಿರುದ್ಧ ಪ್ರಕರಣ ದಾಖಲಿಸಿಕೊಂಡಿರುವ ಪೊಲೀಸರು ತನಿಖೆ ಕೈಗೊಂಡಿದ್ದಾರೆ.

ಮಂಗಳೂರು, ಆ. ೩೦- ಜಿಲ್ಲಾ ವೀರಶೈವ ಲಿಂಗಾಯತ ನೌಕರರ ಸಂಘದ ವತಿಯಿಂದ ನಾಳೆ ನಗರದಲ್ಲಿ ಜಿಲ್ಲಾ ಮಟ್ಟದ ಸಮಾವೇಶ ಹಮ್ಮಿಕೊಳ್ಳಲಾಗಿದೆ. ಕಾರ್ಯಕ್ರಮದಲ್ಲಿ ಪ್ರತಿಭಾ ಪುರಸ್ಕಾರ ಹಾಗೂ ನಿವೃತ್ತ ನೌಕರರಿಗೆ ಸನ್ಮಾನ ನಡೆಯಲಿದೆ. ಸಂಘದ ಸದಸ್ಯರು ಹೆಚ್ಚಿನ ಸಂಖ್ಯೆಯಲ್ಲಿ ಭಾಗವಹಿಸಬೇಕು ಎಂದು ಅಧ್ಯಕ್ಷರು ಮನವಿ ಮಾಡಿದ್ದಾರೆ.

ಪೊಲೀಸ್ ಇಲಾಖೆಯ ಕರ್ತವ್ಯದಲ್ಲಿ ಉತ್ತಮ ಸೇವೆ ಸಲ್ಲಿಸಿದ ಇನ್ಸ್‌ಪೆಕ್ಟರ್ ಚಂದ್ರಶೇಖರ್ ಅವರ ಕಾರ್ಯವೈಖರಿಗೆ ಸಾರ್ವಜನಿಕರಿಂದ ಮೆಚ್ಚುಗೆ ವ್ಯಕ್ತವಾಗಿದೆ. ಹಲವಾರು ಪ್ರಕರಣಗಳನ್ನು ಶೀಘ್ರವಾಗಿ ಭೇದಿಸಿದ ಅವರ ತಂಡವನ್ನು ಹಿರಿಯ ಅಧಿಕಾರಿಗಳು ಅಭಿನಂದಿಸಿದ್ದಾರೆ. ಕಾನೂನು ಸುವ್ಯವಸ್ಥೆ ಕಾಪಾಡುವಲ್ಲಿ ಅವರ ಪಾತ್ರ ಮಹತ್ವದ್ದಾಗಿದೆ ಎಂದು ಜನರು ತಿಳಿಸಿದ್ದಾರೆ.

ಮಡಿಕೇರಿ, ಆ. ೩೦- ಅಬಕಾರಿ ಇಲಾಖೆಯು ವಿವಿಧ ಪ್ರಕರಣಗಳಲ್ಲಿ ವಶಪಡಿಸಿಕೊಂಡಿದ್ದ ಅಕ್ರಮ ಮದ್ಯ ಹಾಗೂ ಸೇಂದಿಯನ್ನು ನ್ಯಾಯಾಲಯದ ಆದೇಶದಂತೆ ನಾಶಪಡಿಸಲಾಯಿತು. ಅಧಿಕಾರಿಗಳ ಸಮ್ಮುಖದಲ್ಲಿ ಈ ಪ್ರಕ್ರಿಯೆ ನಡೆಯಿತು.

ತುಮಕೂರು, ಆ. ೩೦- ದೇವರಾಯನದುರ್ಗ ದೇವಾಲಯದ ಅರ್ಚಕರ ಮೇಲೆ ನಡೆದ ಹಲ್ಲೆ ಪ್ರಕರಣವನ್ನು ಖಂಡಿಸಿ ಅರ್ಚಕರ ಸಂಘದ ಸದಸ್ಯರು ಪ್ರತಿಭಟನೆ ನಡೆಸಿದರು. ತಪ್ಪಿತಸ್ಥರ ವಿರುದ್ಧ ಕೂಡಲೇ ಕಠಿಣ ಕ್ರಮ ಕೈಗೊಳ್ಳಬೇಕು ಎಂದು ಜಿಲ್ಲಾಡಳಿತಕ್ಕೆ ಮನವಿ ಸಲ್ಲಿಸಿದರು. ದೇವಾಲಯಗಳಲ್ಲಿ ಭದ್ರತೆ ಹೆಚ್ಚಿಸಬೇಕು ಎಂದು ಆಗ್ರಹಿಸಿದರು.

ಮಂಗಳೂರು, ಆ. ೩೦- ರಂಗಭೂಮಿ ತಂಡದ ವತಿಯಿಂದ ಆಯೋಜಿಸಲಾಗಿದ್ದ ಎರಡು ದಿನಗಳ ನಾಟಕೋತ್ಸವ ಯಶಸ್ವಿಯಾಗಿ ನಡೆಯಿತು. ವಿವಿಧ ತಂಡಗಳು ಪ್ರದರ್ಶಿಸಿದ ನಾಟಕಗಳು ಪ್ರೇಕ್ಷಕರ ಮೆಚ್ಚುಗೆಗೆ ಪಾತ್ರವಾದವು. ಕಲಾವಿದರ ಅಭಿನಯಕ್ಕೆ ಸಭಿಕರು ಚಪ್ಪಾಳೆ ತಟ್ಟಿ ಪ್ರೋತ್ಸಾಹಿಸಿದರು.

ಮಂಗಳೂರು, ಆ. ೩೦- ಜಿಲ್ಲಾ ವೀರಶೈವ ಲಿಂಗಾಯತ ನೌಕರರ ಸಂಘದ ವತಿಯಿಂದ ನಾಳೆ ನಗರದಲ್ಲಿ ಜಿಲ್ಲಾ ಮಟ್ಟದ ಸಮಾವೇಶ ಹಮ್ಮಿಕೊಳ್ಳಲಾಗಿದೆ. ಕಾರ್ಯಕ್ರಮದಲ್ಲಿ ಪ್ರತಿಭಾ ಪುರಸ್ಕಾರ ಹಾಗೂ ನಿವೃತ್ತ ನೌಕರರಿಗೆ ಸನ್ಮಾನ ನಡೆಯಲಿದೆ. ಸಂಘದ ಸದಸ್ಯರು ಹೆಚ್ಚಿನ ಸಂಖ್ಯೆಯಲ್ಲಿ ಭಾಗವಹಿಸಬೇಕು ಎಂದು ಅಧ್ಯಕ್ಷರು ಮನವಿ ಮಾಡಿದ್ದಾರೆ.

ಮಂಗಳೂರು, ಆ. ೩೦- ನಗರದ ಒಳಾಂಗಣ ಕ್ರೀಡಾಂಗಣದಲ್ಲಿ ನಾಳೆ ಜಿಲ್ಲಾ ಮಟ್ಟದ ಶಟಲ್ ಬ್ಯಾಡ್ಮಿಂಟನ್ ಪಂದ್ಯಾವಳಿ ನಡೆಯಲಿದೆ. ವಿವಿಧ ವಯೋಮಾನದ ವಿಭಾಗಗಳಲ್ಲಿ ಸ್ಪರ್ಧೆಗಳು ಆಯೋಜಿಸಲಾಗಿದ್ದು ವಿಜೇತರಿಗೆ ಆಕರ್ಷಕ ಬಹುಮಾನ ನೀಡಲಾಗುವುದು. ಆಸಕ್ತರು ಹೆಸರು ನೋಂದಾಯಿಸಿಕೊಳ್ಳಬಹುದು ಎಂದು ಆಯೋಜಕರು ತಿಳಿಸಿದ್ದಾರೆ.

ಮಂಗಳೂರು, ಆ. ೩೦- ಅಕ್ರಮ ಸಂಬಂಧಕ್ಕೆ ಅಡ್ಡಿಯಾಗುತ್ತಿದ್ದ ಗಂಡನನ್ನು ಕೊಲೆಗೈದ ಪತ್ನಿ ಹಾಗೂ ಆಕೆಯ ಪ್ರಿಯಕರನಿಗೆ ಜಿಲ್ಲಾ ನ್ಯಾಯಾಲಯ ಮರಣ ದಂಡನೆ ವಿಧಿಸಿದೆ. ಪ್ರಕರಣದ ವಿಚಾರಣೆ ನಡೆಸಿದ ನ್ಯಾಯಾಧೀಶರು ಅಪರಾಧ ಸಾಬೀತಾದ ಹಿನ್ನೆಲೆಯಲ್ಲಿ ಈ ಮಹತ್ವದ ತೀರ್ಪು ಪ್ರಕಟಿಸಿದ್ದಾರೆ. ಸಾಕ್ಷ್ಯಾಧಾರಗಳನ್ನು ಪರಿಶೀಲಿಸಿ ಸರ್ಕಾರಿ ಅಭಿಯೋಜಕರು ವಾದ ಮಂಡಿಸಿದ್ದರು.

ಕೊಡಗಿನ, ಆ. ೩೦- ಮಾಜಿ ಮುಖ್ಯಮಂತ್ರಿ ಡಿ. ದೇವರಾಜ ಅರಸು ಅವರ ಜನ್ಮದಿನಾಚರಣೆ ಕಾರ್ಯಕ್ರಮದಲ್ಲಿ ಮಾತನಾಡಿದ ಗಣ್ಯರು ಅರಸು ಅವರ ತತ್ವಾದರ್ಶಗಳನ್ನು ಯುವ ಪೀಳಿಗೆ ಅಳವಡಿಸಿಕೊಳ್ಳಬೇಕು ಎಂದು ಕರೆ ನೀಡಿದರು. ಸಾಮಾಜಿಕ ನ್ಯಾಯದ ಹರಿಕಾರರಾಗಿದ್ದ ಅವರು ಹಿಂದುಳಿದ ವರ್ಗಗಳ ಏಳಿಗೆಗೆ ಶ್ರಮಿಸಿದರು.

ಪೊಲೀಸ್ ಇಲಾಖೆಯ ಕರ್ತವ್ಯದಲ್ಲಿ ಉತ್ತಮ ಸೇವೆ ಸಲ್ಲಿಸಿದ ಇನ್ಸ್‌ಪೆಕ್ಟರ್ ಚಂದ್ರಶೇಖರ್ ಅವರ ಕಾರ್ಯವೈಖರಿಗೆ ಸಾರ್ವಜನಿಕರಿಂದ ಮೆಚ್ಚುಗೆ ವ್ಯಕ್ತವಾಗಿದೆ. ಹಲವಾರು ಪ್ರಕರಣಗಳನ್ನು ಶೀಘ್ರವಾಗಿ ಭೇದಿಸಿದ ಅವರ ತಂಡವನ್ನು ಹಿರಿಯ ಅಧಿಕಾರಿಗಳು ಅಭಿನಂದಿಸಿದ್ದಾರೆ. ಕಾನೂನು ಸುವ್ಯವಸ್ಥೆ ಕಾಪಾಡುವಲ್ಲಿ ಅವರ ಪಾತ್ರ ಮಹತ್ವದ್ದಾಗಿದೆ ಎಂದು ಜನರು ತಿಳಿಸಿದ್ದಾರೆ.

ದೇವರಾಯನದುರ್ಗ ಅಚರಕರ ಮೇಲೆ ಹಲ್ಲೆ: ಕ್ರಮಕ್ಕೆ ಒತ್ತಾಯ

ತುಮಕೂರು, ಆ. ೩೦- ದೇವರಾಯನದುರ್ಗ ದೇವಾಲಯದ ಅರ್ಚಕರ ಮೇಲೆ ನಡೆದ ಹಲ್ಲೆ ಪ್ರಕರಣವನ್ನು ಖಂಡಿಸಿ ಅರ್ಚಕರ ಸಂಘದ ಸದಸ್ಯರು ಪ್ರತಿಭಟನೆ ನಡೆಸಿದರು. ತಪ್ಪಿತಸ್ಥರ ವಿರುದ್ಧ ಕೂಡಲೇ ಕಠಿಣ ಕ್ರಮ ಕೈಗೊಳ್ಳಬೇಕು ಎಂದು ಜಿಲ್ಲಾಡಳಿತಕ್ಕೆ ಮನವಿ ಸಲ್ಲಿಸಿದರು. ದೇವಾಲಯಗಳಲ್ಲಿ ಭದ್ರತೆ ಹೆಚ್ಚಿಸಬೇಕು ಎಂದು ಆಗ್ರಹಿಸಿದರು.

ಮಂಗಳೂರು, ಆ. ೩೦- ರಂಗಭೂಮಿ ತಂಡದ ವತಿಯಿಂದ ಆಯೋಜಿಸಲಾಗಿದ್ದ ಎರಡು ದಿನಗಳ ನಾಟಕೋತ್ಸವ ಯಶಸ್ವಿಯಾಗಿ ನಡೆಯಿತು. ವಿವಿಧ ತಂಡಗಳು ಪ್ರದರ್ಶಿಸಿದ ನಾಟಕಗಳು ಪ್ರೇಕ್ಷಕರ ಮೆಚ್ಚುಗೆಗೆ ಪಾತ್ರವಾದವು. ಕಲಾವಿದರ ಅಭಿನಯಕ್ಕೆ ಸಭಿಕರು ಚಪ್ಪಾಳೆ ತಟ್ಟಿ ಪ್ರೋತ್ಸಾಹಿಸಿದರು.

ತುಮಕೂರು, ಆ. ೩೦- ದೇವರಾಯನದುರ್ಗ ದೇವಾಲಯದ ಅರ್ಚಕರ ಮೇಲೆ ನಡೆದ ಹಲ್ಲೆ ಪ್ರಕರಣವನ್ನು ಖಂಡಿಸಿ ಅರ್ಚಕರ ಸಂಘದ ಸದಸ್ಯರು ಪ್ರತಿಭಟನೆ ನಡೆಸಿದರು. ತಪ್ಪಿತಸ್ಥರ ವಿರುದ್ಧ ಕೂಡಲೇ ಕಠಿಣ ಕ್ರಮ ಕೈಗೊಳ್ಳಬೇಕು ಎಂದು ಜಿಲ್ಲಾಡಳಿತಕ್ಕೆ ಮನವಿ ಸಲ್ಲಿಸಿದರು. ದೇವಾಲಯಗಳಲ್ಲಿ ಭದ್ರತೆ ಹೆಚ್ಚಿಸಬೇಕು ಎಂದು ಆಗ್ರಹಿಸಿದರು.

ಮಂಗಳೂರು, ಆ. ೩೦- ಜಿಲ್ಲಾ ವೀರಶೈವ ಲಿಂಗಾಯತ ನೌಕರರ ಸಂಘದ ವತಿಯಿಂದ ನಾಳೆ ನಗರದಲ್ಲಿ ಜಿಲ್ಲಾ ಮಟ್ಟದ ಸಮಾವೇಶ ಹಮ್ಮಿಕೊಳ್ಳಲಾಗಿದೆ. ಕಾರ್ಯಕ್ರಮದಲ್ಲಿ ಪ್ರತಿಭಾ ಪುರಸ್ಕಾರ ಹಾಗೂ ನಿವೃತ್ತ ನೌಕರರಿಗೆ ಸನ್ಮಾನ ನಡೆಯಲಿದೆ. ಸಂಘದ ಸದಸ್ಯರು ಹೆಚ್ಚಿನ ಸಂಖ್ಯೆಯಲ್ಲಿ ಭಾಗವಹಿಸಬೇಕು ಎಂದು ಅಧ್ಯಕ್ಷರು ಮನವಿ ಮಾಡಿದ್ದಾರೆ.

ಪೊಲೀಸ್ ಇಲಾಖೆಯ ಕರ್ತವ್ಯದಲ್ಲಿ ಉತ್ತಮ ಸೇವೆ ಸಲ್ಲಿಸಿದ ಇನ್ಸ್‌ಪೆಕ್ಟರ್ ಚಂದ್ರಶೇಖರ್ ಅವರ ಕಾರ್ಯವೈಖರಿಗೆ ಸಾರ್ವಜನಿಕರಿಂದ ಮೆಚ್ಚುಗೆ ವ್ಯಕ್ತವಾಗಿದೆ. ಹಲವಾರು ಪ್ರಕರಣಗಳನ್ನು ಶೀಘ್ರವಾಗಿ ಭೇದಿಸಿದ ಅವರ ತಂಡವನ್ನು ಹಿರಿಯ ಅಧಿಕಾರಿಗಳು ಅಭಿನಂದಿಸಿದ್ದಾರೆ. ಕಾನೂನು ಸುವ್ಯವಸ್ಥೆ ಕಾಪಾಡುವಲ್ಲಿ ಅವರ ಪಾತ್ರ ಮಹತ್ವದ್ದಾಗಿದೆ ಎಂದು ಜನರು ತಿಳಿಸಿದ್ದಾರೆ.

ಮಡಿಕೇರಿ, ಆ. ೩೦- ಅಬಕಾರಿ ಇಲಾಖೆಯು ವಿವಿಧ ಪ್ರಕರಣಗಳಲ್ಲಿ ವಶಪಡಿಸಿಕೊಂಡಿದ್ದ ಅಕ್ರಮ ಮದ್ಯ ಹಾಗೂ ಸೇಂದಿಯನ್ನು ನ್ಯಾಯಾಲಯದ ಆದೇಶದಂತೆ ನಾಶಪಡಿಸಲಾಯಿತು. ಅಧಿಕಾರಿಗಳ ಸಮ್ಮುಖದಲ್ಲಿ ಈ ಪ್ರಕ್ರಿಯೆ ನಡೆಯಿತು.

ತುಮಕೂರು, ಆ. ೩೦- ದೇವರಾಯನದುರ್ಗ ದೇವಾಲಯದ ಅರ್ಚಕರ ಮೇಲೆ ನಡೆದ ಹಲ್ಲೆ ಪ್ರಕರಣವನ್ನು ಖಂಡಿಸಿ ಅರ್ಚಕರ ಸಂಘದ ಸದಸ್ಯರು ಪ್ರತಿಭಟನೆ ನಡೆಸಿದರು. ತಪ್ಪಿತಸ್ಥರ ವಿರುದ್ಧ ಕೂಡಲೇ ಕಠಿಣ ಕ್ರಮ ಕೈಗೊಳ್ಳಬೇಕು ಎಂದು ಜಿಲ್ಲಾಡಳಿತಕ್ಕೆ ಮನವಿ ಸಲ್ಲಿಸಿದರು. ದೇವಾಲಯಗಳಲ್ಲಿ ಭದ್ರತೆ ಹೆಚ್ಚಿಸಬೇಕು ಎಂದು ಆಗ್ರಹಿಸಿದರು.

ಮಂಗಳೂರು, ಆ. ೩೦- ಅಕ್ರಮ ಸಂಬಂಧಕ್ಕೆ ಅಡ್ಡಿಯಾಗುತ್ತಿದ್ದ ಗಂಡನನ್ನು ಕೊಲೆಗೈದ ಪತ್ನಿ ಹಾಗೂ ಆಕೆಯ ಪ್ರಿಯಕರನಿಗೆ ಜಿಲ್ಲಾ ನ್ಯಾಯಾಲಯ ಮರಣ ದಂಡನೆ ವಿಧಿಸಿದೆ. ಪ್ರಕರಣದ ವಿಚಾರಣೆ ನಡೆಸಿದ ನ್ಯಾಯಾಧೀಶರು ಅಪರಾಧ ಸಾಬೀತಾದ ಹಿನ್ನೆಲೆಯಲ್ಲಿ ಈ ಮಹತ್ವದ ತೀರ್ಪು ಪ್ರಕಟಿಸಿದ್ದಾರೆ. ಸಾಕ್ಷ್ಯಾಧಾರಗಳನ್ನು ಪರಿಶೀಲಿಸಿ ಸರ್ಕಾರಿ ಅಭಿಯೋಜಕರು ವಾದ ಮಂಡಿಸಿದ್ದರು.

ತುಮಕೂರು, ಆ. ೩೦- ದೇವರಾಯನದುರ್ಗ ದೇವಾಲಯದ ಅರ್ಚಕರ ಮೇಲೆ ನಡೆದ ಹಲ್ಲೆ ಪ್ರಕರಣವನ್ನು ಖಂಡಿಸಿ ಅರ್ಚಕರ ಸಂಘದ ಸದಸ್ಯರು ಪ್ರತಿಭಟನೆ ನಡೆಸಿದರು. ತಪ್ಪಿತಸ್ಥರ ವಿರುದ್ಧ ಕೂಡಲೇ ಕಠಿಣ ಕ್ರಮ ಕೈಗೊಳ್ಳಬೇಕು ಎಂದು ಜಿಲ್ಲಾಡಳಿತಕ್ಕೆ ಮನವಿ ಸಲ್ಲಿಸಿದರು. ದೇವಾಲಯಗಳಲ್ಲಿ ಭದ್ರತೆ ಹೆಚ್ಚಿಸಬೇಕು ಎಂದು ಆಗ್ರಹಿಸಿದರು.

ಮಂಗಳೂರು, ಆ. ೩೦- ದುಬೈನಲ್ಲಿ ಚಿನ್ನದ ವ್ಯಾಪಾರದಲ್ಲಿ ಹೆಚ್ಚಿನ ಲಾಭ ಕೊಡಿಸುವುದಾಗಿ ನಂಬಿಸಿ ನಾಲ್ವರು ಉದ್ಯಮಿಗಳಿಗೆ ಸುಮಾರು ೮ ಕೋಟಿ ರೂಪಾಯಿ ವಂಚಿಸಿದ ಪ್ರಕರಣ ಬೆಳಕಿಗೆ ಬಂದಿದೆ. ಆರೋಪಿಗಳ ವಿರುದ್ಧ ಪ್ರಕರಣ ದಾಖಲಿಸಿಕೊಂಡಿರುವ ಪೊಲೀಸರು ತನಿಖೆ ಕೈಗೊಂಡಿದ್ದಾರೆ.

ನಾಳೆ ಜಿಲ್ಲಾ ಮಟ್ಟದ ಶಟಲ್ ಬ್ಯಾಡ್ಮಿಂಟನ್ ಟೂರ್ನಿ

ಮಂಗಳೂರು, ಆ. ೩೦- ನಗರದ ಒಳಾಂಗಣ ಕ್ರೀಡಾಂಗಣದಲ್ಲಿ ನಾಳೆ ಜಿಲ್ಲಾ ಮಟ್ಟದ ಶಟಲ್ ಬ್ಯಾಡ್ಮಿಂಟನ್ ಪಂದ್ಯಾವಳಿ ನಡೆಯಲಿದೆ. ವಿವಿಧ ವಯೋಮಾನದ ವಿಭಾಗಗಳಲ್ಲಿ ಸ್ಪರ್ಧೆಗಳು ಆಯೋಜಿಸಲಾಗಿದ್ದು ವಿಜೇತರಿಗೆ ಆಕರ್ಷಕ ಬಹುಮಾನ ನೀಡಲಾಗುವುದು. ಆಸಕ್ತರು ಹೆಸರು ನೋಂದಾಯಿಸಿಕೊಳ್ಳಬಹುದು ಎಂದು ಆಯೋಜಕರು ತಿಳಿಸಿದ್ದಾರೆ.

ಕೊಡಗಿನ, ಆ. ೩೦- ಮಾಜಿ ಮುಖ್ಯಮಂತ್ರಿ ಡಿ. ದೇವರಾಜ ಅರಸು ಅವರ ಜನ್ಮದಿನಾಚರಣೆ ಕಾರ್ಯಕ್ರಮದಲ್ಲಿ ಮಾತನಾಡಿದ ಗಣ್ಯರು ಅರಸು ಅವರ ತತ್ವಾದರ್ಶಗಳನ್ನು ಯುವ ಪೀಳಿಗೆ ಅಳವಡಿಸಿಕೊಳ್ಳಬೇಕು ಎಂದು ಕರೆ ನೀಡಿದರು. ಸಾಮಾಜಿಕ ನ್ಯಾಯದ ಹರಿಕಾರರಾಗಿದ್ದ ಅವರು ಹಿಂದುಳಿದ ವರ್ಗಗಳ ಏಳಿಗೆಗೆ ಶ್ರಮಿಸಿದರು.

ಮಂಗಳೂರು, ಆ. ೩೦- ನಗರದ ಒಳಾಂಗಣ ಕ್ರೀಡಾಂಗಣದಲ್ಲಿ ನಾಳೆ ಜಿಲ್ಲಾ ಮಟ್ಟದ ಶಟಲ್ ಬ್ಯಾಡ್ಮಿಂಟನ್ ಪಂದ್ಯಾವಳಿ ನಡೆಯಲಿದೆ. ವಿವಿಧ ವಯೋಮಾನದ ವಿಭಾಗಗಳಲ್ಲಿ ಸ್ಪರ್ಧೆಗಳು ಆಯೋಜಿಸಲಾಗಿದ್ದು ವಿಜೇತರಿಗೆ ಆಕರ್ಷಕ ಬಹುಮಾನ ನೀಡಲಾಗುವುದು. ಆಸಕ್ತರು ಹೆಸರು ನೋಂದಾಯಿಸಿಕೊಳ್ಳಬಹುದು ಎಂದು ಆಯೋಜಕರು ತಿಳಿಸಿದ್ದಾರೆ.

ಮಂಗಳೂರು, ಆ. ೩೦- ರಂಗಭೂಮಿ ತಂಡದ ವತಿಯಿಂದ ಆಯೋಜಿಸಲಾಗಿದ್ದ ಎರಡು ದಿನಗಳ ನಾಟಕೋತ್ಸವ ಯಶಸ್ವಿಯಾಗಿ ನಡೆಯಿತು. ವಿವಿಧ ತಂಡಗಳು ಪ್ರದರ್ಶಿಸಿದ ನಾಟಕಗಳು ಪ್ರೇಕ್ಷಕರ ಮೆಚ್ಚುಗೆಗೆ ಪಾತ್ರವಾದವು. ಕಲಾವಿದರ ಅಭಿನಯಕ್ಕೆ ಸಭಿಕರು ಚಪ್ಪಾಳೆ ತಟ್ಟಿ ಪ್ರೋತ್ಸಾಹಿಸಿದರು.

ಮಂಗಳೂರು, ಆ. ೩೦- ನಗರದ ಒಳಾಂಗಣ ಕ್ರೀಡಾಂಗಣದಲ್ಲಿ ನಾಳೆ ಜಿಲ್ಲಾ ಮಟ್ಟದ ಶಟಲ್ ಬ್ಯಾಡ್ಮಿಂಟನ್ ಪಂದ್ಯಾವಳಿ ನಡೆಯಲಿದೆ. ವಿವಿಧ ವಯೋಮಾನದ ವಿಭಾಗಗಳಲ್ಲಿ ಸ್ಪರ್ಧೆಗಳು ಆಯೋಜಿಸಲಾಗಿದ್ದು ವಿಜೇತರಿಗೆ ಆಕರ್ಷಕ ಬಹುಮಾನ ನೀಡಲಾಗುವುದು. ಆಸಕ್ತರು ಹೆಸರು ನೋಂದಾಯಿಸಿಕೊಳ್ಳಬಹುದು ಎಂದು ಆಯೋಜಕರು ತಿಳಿಸಿದ್ದಾರೆ.

ಮಂಗಳೂರು, ಆ. ೩೦- ಜಿಲ್ಲಾ ವೀರಶೈವ ಲಿಂಗಾಯತ ನೌಕರರ ಸಂಘದ ವತಿಯಿಂದ ನಾಳೆ ನಗರದಲ್ಲಿ ಜಿಲ್ಲಾ ಮಟ್ಟದ ಸಮಾವೇಶ ಹಮ್ಮಿಕೊಳ್ಳಲಾಗಿದೆ. ಕಾರ್ಯಕ್ರಮದಲ್ಲಿ ಪ್ರತಿಭಾ ಪುರಸ್ಕಾರ ಹಾಗೂ ನಿವೃತ್ತ ನೌಕರರಿಗೆ ಸನ್ಮಾನ ನಡೆಯಲಿದೆ. ಸಂಘದ ಸದಸ್ಯರು ಹೆಚ್ಚಿನ ಸಂಖ್ಯೆಯಲ್ಲಿ ಭಾಗವಹಿಸಬೇಕು ಎಂದು ಅಧ್ಯಕ್ಷರು ಮನವಿ ಮಾಡಿದ್ದಾರೆ.

ಎರಡು ದಿನಗಳ ನಾಟಕೋತ್ಸವ ಯಶಸ್ವಿ

ಮಂಗಳೂರು, ಆ. ೩೦- ರಂಗಭೂಮಿ ತಂಡದ ವತಿಯಿಂದ ಆಯೋಜಿಸಲಾಗಿದ್ದ ಎರಡು ದಿನಗಳ ನಾಟಕೋತ್ಸವ ಯಶಸ್ವಿಯಾಗಿ ನಡೆಯಿತು. ವಿವಿಧ ತಂಡಗಳು ಪ್ರದರ್ಶಿಸಿದ ನಾಟಕಗಳು ಪ್ರೇಕ್ಷಕರ ಮೆಚ್ಚುಗೆಗೆ ಪಾತ್ರವಾದವು. ಕಲಾವಿದರ ಅಭಿನಯಕ್ಕೆ ಸಭಿಕರು ಚಪ್ಪಾಳೆ ತಟ್ಟಿ ಪ್ರೋತ್ಸಾಹಿಸಿದರು.

ಪೊಲೀಸ್ ಇಲಾಖೆಯ ಕರ್ತವ್ಯದಲ್ಲಿ ಉತ್ತಮ ಸೇವೆ ಸಲ್ಲಿಸಿದ ಇನ್ಸ್‌ಪೆಕ್ಟರ್ ಚಂದ್ರಶೇಖರ್ ಅವರ ಕಾರ್ಯವೈಖರಿಗೆ ಸಾರ್ವಜನಿಕರಿಂದ ಮೆಚ್ಚುಗೆ ವ್ಯಕ್ತವಾಗಿದೆ. ಹಲವಾರು ಪ್ರಕರಣಗಳನ್ನು ಶೀಘ್ರವಾಗಿ ಭೇದಿಸಿದ ಅವರ ತಂಡವನ್ನು ಹಿರಿಯ ಅಧಿಕಾರಿಗಳು ಅಭಿನಂದಿಸಿದ್ದಾರೆ. ಕಾನೂನು ಸುವ್ಯವಸ್ಥೆ ಕಾಪಾಡುವಲ್ಲಿ ಅವರ ಪಾತ್ರ ಮಹತ್ವದ್ದಾಗಿದೆ ಎಂದು ಜನರು ತಿಳಿಸಿದ್ದಾರೆ.

ಮಂಗಳೂರು, ಆ. ೩೦- ನಗರದ ಒಳಾಂಗಣ ಕ್ರೀಡಾಂಗಣದಲ್ಲಿ ನಾಳೆ ಜಿಲ್ಲಾ ಮಟ್ಟದ ಶಟಲ್ ಬ್ಯಾಡ್ಮಿಂಟನ್ ಪಂದ್ಯಾವಳಿ ನಡೆಯಲಿದೆ. ವಿವಿಧ ವಯೋಮಾನದ ವಿಭಾಗಗಳಲ್ಲಿ ಸ್ಪರ್ಧೆಗಳು ಆಯೋಜಿಸಲಾಗಿದ್ದು ವಿಜೇತರಿಗೆ ಆಕರ್ಷಕ ಬಹುಮಾನ ನೀಡಲಾಗುವುದು. ಆಸಕ್ತರು ಹೆಸರು ನೋಂದಾಯಿಸಿಕೊಳ್ಳಬಹುದು ಎಂದು ಆಯೋಜಕರು ತಿಳಿಸಿದ್ದಾರೆ.

ಮಂಗಳೂರು, ಆ. ೩೦- ಅಕ್ರಮ ಸಂಬಂಧಕ್ಕೆ ಅಡ್ಡಿಯಾಗುತ್ತಿದ್ದ ಗಂಡನನ್ನು ಕೊಲೆಗೈದ ಪತ್ನಿ ಹಾಗೂ ಆಕೆಯ ಪ್ರಿಯಕರನಿಗೆ ಜಿಲ್ಲಾ ನ್ಯಾಯಾಲಯ ಮರಣ ದಂಡನೆ ವಿಧಿಸಿದೆ. ಪ್ರಕರಣದ ವಿಚಾರಣೆ ನಡೆಸಿದ ನ್ಯಾಯಾಧೀಶರು ಅಪರಾಧ ಸಾಬೀತಾದ ಹಿನ್ನೆಲೆಯಲ್ಲಿ ಈ ಮಹತ್ವದ ತೀರ್ಪು ಪ್ರಕಟಿಸಿದ್ದಾರೆ. ಸಾಕ್ಷ್ಯಾಧಾರಗಳನ್ನು ಪರಿಶೀಲಿಸಿ ಸರ್ಕಾರಿ ಅಭಿಯೋಜಕರು ವಾದ ಮಂಡಿಸಿದ್ದರು.

ಮಂಗಳೂರು, ಆ. ೩೦- ರಂಗಭೂಮಿ ತಂಡದ ವತಿಯಿಂದ ಆಯೋಜಿಸಲಾಗಿದ್ದ ಎರಡು ದಿನಗಳ ನಾಟಕೋತ್ಸವ ಯಶಸ್ವಿಯಾಗಿ ನಡೆಯಿತು. ವಿವಿಧ ತಂಡಗಳು ಪ್ರದರ್ಶಿಸಿದ ನಾಟಕಗಳು ಪ್ರೇಕ್ಷಕರ ಮೆಚ್ಚುಗೆಗೆ ಪಾತ್ರವಾದವು. ಕಲಾವಿದರ ಅಭಿನಯಕ್ಕೆ ಸಭಿಕರು ಚಪ್ಪಾಳೆ ತಟ್ಟಿ ಪ್ರೋತ್ಸಾಹಿಸಿದರು.

ಮಂಗಳೂರು, ಆ. ೩೦- ಜಿಲ್ಲಾ ವೀರಶೈವ ಲಿಂಗಾಯತ ನೌಕರರ ಸಂಘದ ವತಿಯಿಂದ ನಾಳೆ ನಗರದಲ್ಲಿ ಜಿಲ್ಲಾ ಮಟ್ಟದ ಸಮಾವೇಶ ಹಮ್ಮಿಕೊಳ್ಳಲಾಗಿದೆ. ಕಾರ್ಯಕ್ರಮದಲ್ಲಿ ಪ್ರತಿಭಾ ಪುರಸ್ಕಾರ ಹಾಗೂ ನಿವೃತ್ತ ನೌಕರರಿಗೆ ಸನ್ಮಾನ ನಡೆಯಲಿದೆ. ಸಂಘದ ಸದಸ್ಯರು ಹೆಚ್ಚಿನ ಸಂಖ್ಯೆಯಲ್ಲಿ ಭಾಗವಹಿಸಬೇಕು ಎಂದು ಅಧ್ಯಕ್ಷರು ಮನವಿ ಮಾಡಿದ್ದಾರೆ.

ಮಡಿಕೇರಿ, ಆ. ೩೦- ಅಬಕಾರಿ ಇಲಾಖೆಯು ವಿವಿಧ ಪ್ರಕರಣಗಳಲ್ಲಿ ವಶಪಡಿಸಿಕೊಂಡಿದ್ದ ಅಕ್ರಮ ಮದ್ಯ ಹಾಗೂ ಸೇಂದಿಯನ್ನು ನ್ಯಾಯಾಲಯದ ಆದೇಶದಂತೆ ನಾಶಪಡಿಸಲಾಯಿತು. ಅಧಿಕಾರಿಗಳ ಸಮ್ಮುಖದಲ್ಲಿ ಈ ಪ್ರಕ್ರಿಯೆ ನಡೆಯಿತು.

ಕೊಡಗಿನ, ಆ. ೩೦- ಮಾಜಿ ಮುಖ್ಯಮಂತ್ರಿ ಡಿ. ದೇವರಾಜ ಅರಸು ಅವರ ಜನ್ಮದಿನಾಚರಣೆ ಕಾರ್ಯಕ್ರಮದಲ್ಲಿ ಮಾತನಾಡಿದ ಗಣ್ಯರು ಅರಸು ಅವರ ತತ್ವಾದರ್ಶಗಳನ್ನು ಯುವ ಪೀಳಿಗೆ ಅಳವಡಿಸಿಕೊಳ್ಳಬೇಕು ಎಂದು ಕರೆ ನೀಡಿದರು. ಸಾಮಾಜಿಕ ನ್ಯಾಯದ ಹರಿಕಾರರಾಗಿದ್ದ ಅವರು ಹಿಂದುಳಿದ ವರ್ಗಗಳ ಏಳಿಗೆಗೆ ಶ್ರಮಿಸಿದರು.

ಮಂಗಳೂರು, ಆ. ೩೦- ರಂಗಭೂಮಿ ತಂಡದ ವತಿಯಿಂದ ಆಯೋಜಿಸಲಾಗಿದ್ದ ಎರಡು ದಿನಗಳ ನಾಟಕೋತ್ಸವ ಯಶಸ್ವಿಯಾಗಿ ನಡೆಯಿತು. ವಿವಿಧ ತಂಡಗಳು ಪ್ರದರ್ಶಿಸಿದ ನಾಟಕಗಳು ಪ್ರೇಕ್ಷಕರ ಮೆಚ್ಚುಗೆಗೆ ಪಾತ್ರವಾದವು. ಕಲಾವಿದರ ಅಭಿನಯಕ್ಕೆ ಸಭಿಕರು ಚಪ್ಪಾಳೆ ತಟ್ಟಿ ಪ್ರೋತ್ಸಾಹಿಸಿದರು.

ದುಬೈ ಚಿನ್ನದ ವ್ಯಾಪಾರ ಆಮಿಷ: ನಾಲ್ವರು
ಉದ್ಯಮಿಗಳಿಗೆ ೮ ಕೋಟಿ ವಂಚನೆ!

ಮಂಗಳೂರು, ಆ. ೩೦- ದುಬೈನಲ್ಲಿ ಚಿನ್ನದ ವ್ಯಾಪಾರದಲ್ಲಿ ಹೆಚ್ಚಿನ ಲಾಭ ಕೊಡಿಸುವುದಾಗಿ ನಂಬಿಸಿ ನಾಲ್ವರು ಉದ್ಯಮಿಗಳಿಗೆ ಸುಮಾರು ೮ ಕೋಟಿ ರೂಪಾಯಿ ವಂಚಿಸಿದ ಪ್ರಕರಣ ಬೆಳಕಿಗೆ ಬಂದಿದೆ. ಆರೋಪಿಗಳ ವಿರುದ್ಧ ಪ್ರಕರಣ ದಾಖಲಿಸಿಕೊಂಡಿರುವ ಪೊಲೀಸರು ತನಿಖೆ ಕೈಗೊಂಡಿದ್ದಾರೆ.

ಮಂಗಳೂರು, ಆ. ೩೦- ಅಕ್ರಮ ಸಂಬಂಧಕ್ಕೆ ಅಡ್ಡಿಯಾಗುತ್ತಿದ್ದ ಗಂಡನನ್ನು ಕೊಲೆಗೈದ ಪತ್ನಿ ಹಾಗೂ ಆಕೆಯ ಪ್ರಿಯಕರನಿಗೆ ಜಿಲ್ಲಾ ನ್ಯಾಯಾಲಯ ಮರಣ ದಂಡನೆ ವಿಧಿಸಿದೆ. ಪ್ರಕರಣದ ವಿಚಾರಣೆ ನಡೆಸಿದ ನ್ಯಾಯಾಧೀಶರು ಅಪರಾಧ ಸಾಬೀತಾದ ಹಿನ್ನೆಲೆಯಲ್ಲಿ ಈ ಮಹತ್ವದ ತೀರ್ಪು ಪ್ರಕಟಿಸಿದ್ದಾರೆ. ಸಾಕ್ಷ್ಯಾಧಾರಗಳನ್ನು ಪರಿಶೀಲಿಸಿ ಸರ್ಕಾರಿ ಅಭಿಯೋಜಕರು ವಾದ ಮಂಡಿಸಿದ್ದರು.

ತುಮಕೂರು, ಆ. ೩೦- ದೇವರಾಯನದುರ್ಗ ದೇವಾಲಯದ ಅರ್ಚಕರ ಮೇಲೆ ನಡೆದ ಹಲ್ಲೆ ಪ್ರಕರಣವನ್ನು ಖಂಡಿಸಿ ಅರ್ಚಕರ ಸಂಘದ ಸದಸ್ಯರು ಪ್ರತಿಭಟನೆ ನಡೆಸಿದರು. ತಪ್ಪಿತಸ್ಥರ ವಿರುದ್ಧ ಕೂಡಲೇ ಕಠಿಣ ಕ್ರಮ ಕೈಗೊಳ್ಳಬೇಕು ಎಂದು ಜಿಲ್ಲಾಡಳಿತಕ್ಕೆ ಮನವಿ ಸಲ್ಲಿಸಿದರು. ದೇವಾಲಯಗಳಲ್ಲಿ ಭದ್ರತೆ ಹೆಚ್ಚಿಸಬೇಕು ಎಂದು ಆಗ್ರಹಿಸಿದರು.

ಪೊಲೀಸ್ ಇಲಾಖೆಯ ಕರ್ತವ್ಯದಲ್ಲಿ ಉತ್ತಮ ಸೇವೆ ಸಲ್ಲಿಸಿದ ಇನ್ಸ್‌ಪೆಕ್ಟರ್ ಚಂದ್ರಶೇಖರ್ ಅವರ ಕಾರ್ಯವೈಖರಿಗೆ ಸಾರ್ವಜನಿಕರಿಂದ ಮೆಚ್ಚುಗೆ ವ್ಯಕ್ತವಾಗಿದೆ. ಹಲವಾರು ಪ್ರಕರಣಗಳನ್ನು ಶೀಘ್ರವಾಗಿ ಭೇದಿಸಿದ ಅವರ ತಂಡವನ್ನು ಹಿರಿಯ ಅಧಿಕಾರಿಗಳು ಅಭಿನಂದಿಸಿದ್ದಾರೆ. ಕಾನೂನು ಸುವ್ಯವಸ್ಥೆ ಕಾಪಾಡುವಲ್ಲಿ ಅವರ ಪಾತ್ರ ಮಹತ್ವದ್ದಾಗಿದೆ ಎಂದು ಜನರು ತಿಳಿಸಿದ್ದಾರೆ.

ಮಂಗಳೂರು, ಆ. ೩೦- ನಗರದ ಒಳಾಂಗಣ ಕ್ರೀಡಾಂಗಣದಲ್ಲಿ ನಾಳೆ ಜಿಲ್ಲಾ ಮಟ್ಟದ ಶಟಲ್ ಬ್ಯಾಡ್ಮಿಂಟನ್ ಪಂದ್ಯಾವಳಿ ನಡೆಯಲಿದೆ. ವಿವಿಧ ವಯೋಮಾನದ ವಿಭಾಗಗಳಲ್ಲಿ ಸ್ಪರ್ಧೆಗಳು ಆಯೋಜಿಸಲಾಗಿದ್ದು ವಿಜೇತರಿಗೆ ಆಕರ್ಷಕ ಬಹುಮಾನ ನೀಡಲಾಗುವುದು. ಆಸಕ್ತರು ಹೆಸರು ನೋಂದಾಯಿಸಿಕೊಳ್ಳಬಹುದು ಎಂದು ಆಯೋಜಕರು ತಿಳಿಸಿದ್ದಾರೆ.

ಮಂಗಳೂರು, ಆ. ೩೦- ದುಬೈನಲ್ಲಿ ಚಿನ್ನದ ವ್ಯಾಪಾರದಲ್ಲಿ ಹೆಚ್ಚಿನ ಲಾಭ ಕೊಡಿಸುವುದಾಗಿ ನಂಬಿಸಿ ನಾಲ್ವರು ಉದ್ಯಮಿಗಳಿಗೆ ಸುಮಾರು ೮ ಕೋಟಿ ರೂಪಾಯಿ ವಂಚಿಸಿದ ಪ್ರಕರಣ ಬೆಳಕಿಗೆ ಬಂದಿದೆ. ಆರೋಪಿಗಳ ವಿರುದ್ಧ ಪ್ರಕರಣ ದಾಖಲಿಸಿಕೊಂಡಿರುವ ಪೊಲೀಸರು ತನಿಖೆ ಕೈಗೊಂಡಿದ್ದಾರೆ.

ಕೊಡಗಿನ, ಆ. ೩೦- ಮಾಜಿ ಮುಖ್ಯಮಂತ್ರಿ ಡಿ. ದೇವರಾಜ ಅರಸು ಅವರ ಜನ್ಮದಿನಾಚರಣೆ ಕಾರ್ಯಕ್ರಮದಲ್ಲಿ ಮಾತನಾಡಿದ ಗಣ್ಯರು ಅರಸು ಅವರ ತತ್ವಾದರ್ಶಗಳನ್ನು ಯುವ ಪೀಳಿಗೆ ಅಳವಡಿಸಿಕೊಳ್ಳಬೇಕು ಎಂದು ಕರೆ ನೀಡಿದರು. ಸಾಮಾಜಿಕ ನ್ಯಾಯದ ಹರಿಕಾರರಾಗಿದ್ದ ಅವರು ಹಿಂದುಳಿದ ವರ್ಗಗಳ ಏಳಿಗೆಗೆ ಶ್ರಮಿಸಿದರು.

ಮಂಗಳೂರು, ಆ. ೩೦- ರಂಗಭೂಮಿ ತಂಡದ ವತಿಯಿಂದ ಆಯೋಜಿಸಲಾಗಿದ್ದ ಎರಡು ದಿನಗಳ ನಾಟಕೋತ್ಸವ ಯಶಸ್ವಿಯಾಗಿ ನಡೆಯಿತು. ವಿವಿಧ ತಂಡಗಳು ಪ್ರದರ್ಶಿಸಿದ ನಾಟಕಗಳು ಪ್ರೇಕ್ಷಕರ ಮೆಚ್ಚುಗೆಗೆ ಪಾತ್ರವಾದವು. ಕಲಾವಿದರ ಅಭಿನಯಕ್ಕೆ ಸಭಿಕರು ಚಪ್ಪಾಳೆ ತಟ್ಟಿ ಪ್ರೋತ್ಸಾಹಿಸಿದರು.

ಮಂಗಳೂರು, ಆ. ೩೦- ಜಿಲ್ಲಾ ವೀರಶೈವ ಲಿಂಗಾಯತ ನೌಕರರ ಸಂಘದ ವತಿಯಿಂದ ನಾಳೆ ನಗರದಲ್ಲಿ ಜಿಲ್ಲಾ ಮಟ್ಟದ ಸಮಾವೇಶ ಹಮ್ಮಿಕೊಳ್ಳಲಾಗಿದೆ. ಕಾರ್ಯಕ್ರಮದಲ್ಲಿ ಪ್ರತಿಭಾ ಪುರಸ್ಕಾರ ಹಾಗೂ ನಿವೃತ್ತ ನೌಕರರಿಗೆ ಸನ್ಮಾನ ನಡೆಯಲಿದೆ. ಸಂಘದ ಸದಸ್ಯರು ಹೆಚ್ಚಿನ ಸಂಖ್ಯೆಯಲ್ಲಿ ಭಾಗವಹಿಸಬೇಕು ಎಂದು ಅಧ್ಯಕ್ಷರು ಮನವಿ ಮಾಡಿದ್ದಾರೆ.

ಮಡಿಕೇರಿ, ಆ. ೩೦- ಅಬಕಾರಿ ಇಲಾಖೆಯು ವಿವಿಧ ಪ್ರಕರಣಗಳಲ್ಲಿ ವಶಪಡಿಸಿಕೊಂಡಿದ್ದ ಅಕ್ರಮ ಮದ್ಯ ಹಾಗೂ ಸೇಂದಿಯನ್ನು ನ್ಯಾಯಾಲಯದ ಆದೇಶದಂತೆ ನಾಶಪಡಿಸಲಾಯಿತು. ಅಧಿಕಾರಿಗಳ ಸಮ್ಮುಖದಲ್ಲಿ ಈ ಪ್ರಕ್ರಿಯೆ ನಡೆಯಿತು.

ಮಂಗಳೂರು, ಆ. ೩೦- ದುಬೈನಲ್ಲಿ ಚಿನ್ನದ ವ್ಯಾಪಾರದಲ್ಲಿ ಹೆಚ್ಚಿನ ಲಾಭ ಕೊಡಿಸುವುದಾಗಿ ನಂಬಿಸಿ ನಾಲ್ವರು ಉದ್ಯಮಿಗಳಿಗೆ ಸುಮಾರು ೮ ಕೋಟಿ ರೂಪಾಯಿ ವಂಚಿಸಿದ ಪ್ರಕರಣ ಬೆಳಕಿಗೆ ಬಂದಿದೆ. ಆರೋಪಿಗಳ ವಿರುದ್ಧ ಪ್ರಕರಣ ದಾಖಲಿಸಿಕೊಂಡಿರುವ ಪೊಲೀಸರು ತನಿಖೆ ಕೈಗೊಂಡಿದ್ದಾರೆ.

ಪೊಲೀಸ್ ಇಲಾಖೆಯ ಕರ್ತವ್ಯದಲ್ಲಿ ಉತ್ತಮ ಸೇವೆ ಸಲ್ಲಿಸಿದ ಇನ್ಸ್‌ಪೆಕ್ಟರ್ ಚಂದ್ರಶೇಖರ್ ಅವರ ಕಾರ್ಯವೈಖರಿಗೆ ಸಾರ್ವಜನಿಕರಿಂದ ಮೆಚ್ಚುಗೆ ವ್ಯಕ್ತವಾಗಿದೆ. ಹಲವಾರು ಪ್ರಕರಣಗಳನ್ನು ಶೀಘ್ರವಾಗಿ ಭೇದಿಸಿದ ಅವರ ತಂಡವನ್ನು ಹಿರಿಯ ಅಧಿಕಾರಿಗಳು ಅಭಿನಂದಿಸಿದ್ದಾರೆ. ಕಾನೂನು ಸುವ್ಯವಸ್ಥೆ ಕಾಪಾಡುವಲ್ಲಿ ಅವರ ಪಾತ್ರ ಮಹತ್ವದ್ದಾಗಿದೆ ಎಂದು ಜನರು ತಿಳಿಸಿದ್ದಾರೆ.

ಮಂಗಳೂರು, ಆ. ೩೦- ನಗರದ ಒಳಾಂಗಣ ಕ್ರೀಡಾಂಗಣದಲ್ಲಿ ನಾಳೆ ಜಿಲ್ಲಾ ಮಟ್ಟದ ಶಟಲ್ ಬ್ಯಾಡ್ಮಿಂಟನ್ ಪಂದ್ಯಾವಳಿ ನಡೆಯಲಿದೆ. ವಿವಿಧ ವಯೋಮಾನದ ವಿಭಾಗಗಳಲ್ಲಿ ಸ್ಪರ್ಧೆಗಳು ಆಯೋಜಿಸಲಾಗಿದ್ದು ವಿಜೇತರಿಗೆ ಆಕರ್ಷಕ ಬಹುಮಾನ ನೀಡಲಾಗುವುದು. ಆಸಕ್ತರು ಹೆಸರು ನೋಂದಾಯಿಸಿಕೊಳ್ಳಬಹುದು ಎಂದು ಆಯೋಜಕರು ತಿಳಿಸಿದ್ದಾರೆ.

ಮಂಗಳೂರು, ಆ. ೩೦- ಅಕ್ರಮ ಸಂಬಂಧಕ್ಕೆ ಅಡ್ಡಿಯಾಗುತ್ತಿದ್ದ ಗಂಡನನ್ನು ಕೊಲೆಗೈದ ಪತ್ನಿ ಹಾಗೂ ಆಕೆಯ ಪ್ರಿಯಕರನಿಗೆ ಜಿಲ್ಲಾ ನ್ಯಾಯಾಲಯ ಮರಣ ದಂಡನೆ ವಿಧಿಸಿದೆ. ಪ್ರಕರಣದ ವಿಚಾರಣೆ ನಡೆಸಿದ ನ್ಯಾಯಾಧೀಶರು ಅಪರಾಧ ಸಾಬೀತಾದ ಹಿನ್ನೆಲೆಯಲ್ಲಿ ಈ ಮಹತ್ವದ ತೀರ್ಪು ಪ್ರಕಟಿಸಿದ್ದಾರೆ. ಸಾಕ್ಷ್ಯಾಧಾರಗಳನ್ನು ಪರಿಶೀಲಿಸಿ ಸರ್ಕಾರಿ ಅಭಿಯೋಜಕರು ವಾದ ಮಂಡಿಸಿದ್ದರು.

ತುಮಕೂರು, ಆ. ೩೦- ದೇವರಾಯನದುರ್ಗ ದೇವಾಲಯದ ಅರ್ಚಕರ ಮೇಲೆ ನಡೆದ ಹಲ್ಲೆ ಪ್ರಕರಣವನ್ನು ಖಂಡಿಸಿ ಅರ್ಚಕರ ಸಂಘದ ಸದಸ್ಯರು ಪ್ರತಿಭಟನೆ ನಡೆಸಿದರು. ತಪ್ಪಿತಸ್ಥರ ವಿರುದ್ಧ ಕೂಡಲೇ ಕಠಿಣ ಕ್ರಮ ಕೈಗೊಳ್ಳಬೇಕು ಎಂದು ಜಿಲ್ಲಾಡಳಿತಕ್ಕೆ ಮನವಿ ಸಲ್ಲಿಸಿದರು. ದೇವಾಲಯಗಳಲ್ಲಿ ಭದ್ರತೆ ಹೆಚ್ಚಿಸಬೇಕು ಎಂದು ಆಗ್ರಹಿಸಿದರು.

ವಶಪಡಿಸಿಕೊಂಡಿದ್ದ
ಮದ್ಯ, ಸೇಂದಿ ನಾಶ

ಮಡಿಕೇರಿ, ಆ. ೩೦- ಅಬಕಾರಿ ಇಲಾಖೆಯು ವಿವಿಧ ಪ್ರಕರಣಗಳಲ್ಲಿ ವಶಪಡಿಸಿಕೊಂಡಿದ್ದ ಅಕ್ರಮ ಮದ್ಯ ಹಾಗೂ ಸೇಂದಿಯನ್ನು ನ್ಯಾಯಾಲಯದ ಆದೇಶದಂತೆ ನಾಶಪಡಿಸಲಾಯಿತು. ಅಧಿಕಾರಿಗಳ ಸಮ್ಮುಖದಲ್ಲಿ ಈ ಪ್ರಕ್ರಿಯೆ ನಡೆಯಿತು.

ಕೊಡಗಿನ, ಆ. ೩೦- ಮಾಜಿ ಮುಖ್ಯಮಂತ್ರಿ ಡಿ. ದೇವರಾಜ ಅರಸು ಅವರ ಜನ್ಮದಿನಾಚರಣೆ ಕಾರ್ಯಕ್ರಮದಲ್ಲಿ ಮಾತನಾಡಿದ ಗಣ್ಯರು ಅರಸು ಅವರ ತತ್ವಾದರ್ಶಗಳನ್ನು ಯುವ ಪೀಳಿಗೆ ಅಳವಡಿಸಿಕೊಳ್ಳಬೇಕು ಎಂದು ಕರೆ ನೀಡಿದರು. ಸಾಮಾಜಿಕ ನ್ಯಾಯದ ಹರಿಕಾರರಾಗಿದ್ದ ಅವರು ಹಿಂದುಳಿದ ವರ್ಗಗಳ ಏಳಿಗೆಗೆ ಶ್ರಮಿಸಿದರು.

ಮಂಗಳೂರು, ಆ. ೩೦- ದುಬೈನಲ್ಲಿ ಚಿನ್ನದ ವ್ಯಾಪಾರದಲ್ಲಿ ಹೆಚ್ಚಿನ ಲಾಭ ಕೊಡಿಸುವುದಾಗಿ ನಂಬಿಸಿ ನಾಲ್ವರು ಉದ್ಯಮಿಗಳಿಗೆ ಸುಮಾರು ೮ ಕೋಟಿ ರೂಪಾಯಿ ವಂಚಿಸಿದ ಪ್ರಕರಣ ಬೆಳಕಿಗೆ ಬಂದಿದೆ. ಆರೋಪಿಗಳ ವಿರುದ್ಧ ಪ್ರಕರಣ ದಾಖಲಿಸಿಕೊಂಡಿರುವ ಪೊಲೀಸರು ತನಿಖೆ ಕೈಗೊಂಡಿದ್ದಾರೆ.

ಮಂಗಳೂರು, ಆ. ೩೦- ಜಿಲ್ಲಾ ವೀರಶೈವ ಲಿಂಗಾಯತ ನೌಕರರ ಸಂಘದ ವತಿಯಿಂದ ನಾಳೆ ನಗರದಲ್ಲಿ ಜಿಲ್ಲಾ ಮಟ್ಟದ ಸಮಾವೇಶ ಹಮ್ಮಿಕೊಳ್ಳಲಾಗಿದೆ. ಕಾರ್ಯಕ್ರಮದಲ್ಲಿ ಪ್ರತಿಭಾ ಪುರಸ್ಕಾರ ಹಾಗೂ ನಿವೃತ್ತ ನೌಕರರಿಗೆ ಸನ್ಮಾನ ನಡೆಯಲಿದೆ. ಸಂಘದ ಸದಸ್ಯರು ಹೆಚ್ಚಿನ ಸಂಖ್ಯೆಯಲ್ಲಿ ಭಾಗವಹಿಸಬೇಕು ಎಂದು ಅಧ್ಯಕ್ಷರು ಮನವಿ ಮಾಡಿದ್ದಾರೆ.

ಮಡಿಕೇರಿ, ಆ. ೩೦- ಅಬಕಾರಿ ಇಲಾಖೆಯು ವಿವಿಧ ಪ್ರಕರಣಗಳಲ್ಲಿ ವಶಪಡಿಸಿಕೊಂಡಿದ್ದ ಅಕ್ರಮ ಮದ್ಯ ಹಾಗೂ ಸೇಂದಿಯನ್ನು ನ್ಯಾಯಾಲಯದ ಆದೇಶದಂತೆ ನಾಶಪಡಿಸಲಾಯಿತು. ಅಧಿಕಾರಿಗಳ ಸಮ್ಮುಖದಲ್ಲಿ ಈ ಪ್ರಕ್ರಿಯೆ ನಡೆಯಿತು.

ಮಂಗಳೂರು, ಆ. ೩೦- ನಗರದ ಒಳಾಂಗಣ ಕ್ರೀಡಾಂಗಣದಲ್ಲಿ ನಾಳೆ ಜಿಲ್ಲಾ ಮಟ್ಟದ ಶಟಲ್ ಬ್ಯಾಡ್ಮಿಂಟನ್ ಪಂದ್ಯಾವಳಿ ನಡೆಯಲಿದೆ. ವಿವಿಧ ವಯೋಮಾನದ ವಿಭಾಗಗಳಲ್ಲಿ ಸ್ಪರ್ಧೆಗಳು ಆಯೋಜಿಸಲಾಗಿದ್ದು ವಿಜೇತರಿಗೆ ಆಕರ್ಷಕ ಬಹುಮಾನ ನೀಡಲಾಗುವುದು. ಆಸಕ್ತರು ಹೆಸರು ನೋಂದಾಯಿಸಿಕೊಳ್ಳಬಹುದು ಎಂದು ಆಯೋಜಕರು ತಿಳಿಸಿದ್ದಾರೆ.

ಪೊಲೀಸ್ ಇಲಾಖೆಯ ಕರ್ತವ್ಯದಲ್ಲಿ ಉತ್ತಮ ಸೇವೆ ಸಲ್ಲಿಸಿದ ಇನ್ಸ್‌ಪೆಕ್ಟರ್ ಚಂದ್ರಶೇಖರ್ ಅವರ ಕಾರ್ಯವೈಖರಿಗೆ ಸಾರ್ವಜನಿಕರಿಂದ ಮೆಚ್ಚುಗೆ ವ್ಯಕ್ತವಾಗಿದೆ. ಹಲವಾರು ಪ್ರಕರಣಗಳನ್ನು ಶೀಘ್ರವಾಗಿ ಭೇದಿಸಿದ ಅವರ ತಂಡವನ್ನು ಹಿರಿಯ ಅಧಿಕಾರಿಗಳು ಅಭಿನಂದಿಸಿದ್ದಾರೆ. ಕಾನೂನು ಸುವ್ಯವಸ್ಥೆ ಕಾಪಾಡುವಲ್ಲಿ ಅವರ ಪಾತ್ರ ಮಹತ್ವದ್ದಾಗಿದೆ ಎಂದು ಜನರು ತಿಳಿಸಿದ್ದಾರೆ.

ಮಂಗಳೂರು, ಆ. ೩೦- ರಂಗಭೂಮಿ ತಂಡದ ವತಿಯಿಂದ ಆಯೋಜಿಸಲಾಗಿದ್ದ ಎರಡು ದಿನಗಳ ನಾಟಕೋತ್ಸವ ಯಶಸ್ವಿಯಾಗಿ ನಡೆಯಿತು. ವಿವಿಧ ತಂಡಗಳು ಪ್ರದರ್ಶಿಸಿದ ನಾಟಕಗಳು ಪ್ರೇಕ್ಷಕರ ಮೆಚ್ಚುಗೆಗೆ ಪಾತ್ರವಾದವು. ಕಲಾವಿದರ ಅಭಿನಯಕ್ಕೆ ಸಭಿಕರು ಚಪ್ಪಾಳೆ ತಟ್ಟಿ ಪ್ರೋತ್ಸಾಹಿಸಿದರು.

Edited, Printed and Published by B.T. Amudhan at Nirasheveda Cross Road, Goods Shed Road, Bandar, Mangalore-575 001. For M/s Karnataka News Publications (P) Ltd., and Printed at Sanjevani,
Nirashveda Cross Road, Goods Shed Road, Bandar, Mangalore-575 001. RNI:KARKAN/2004/14701
